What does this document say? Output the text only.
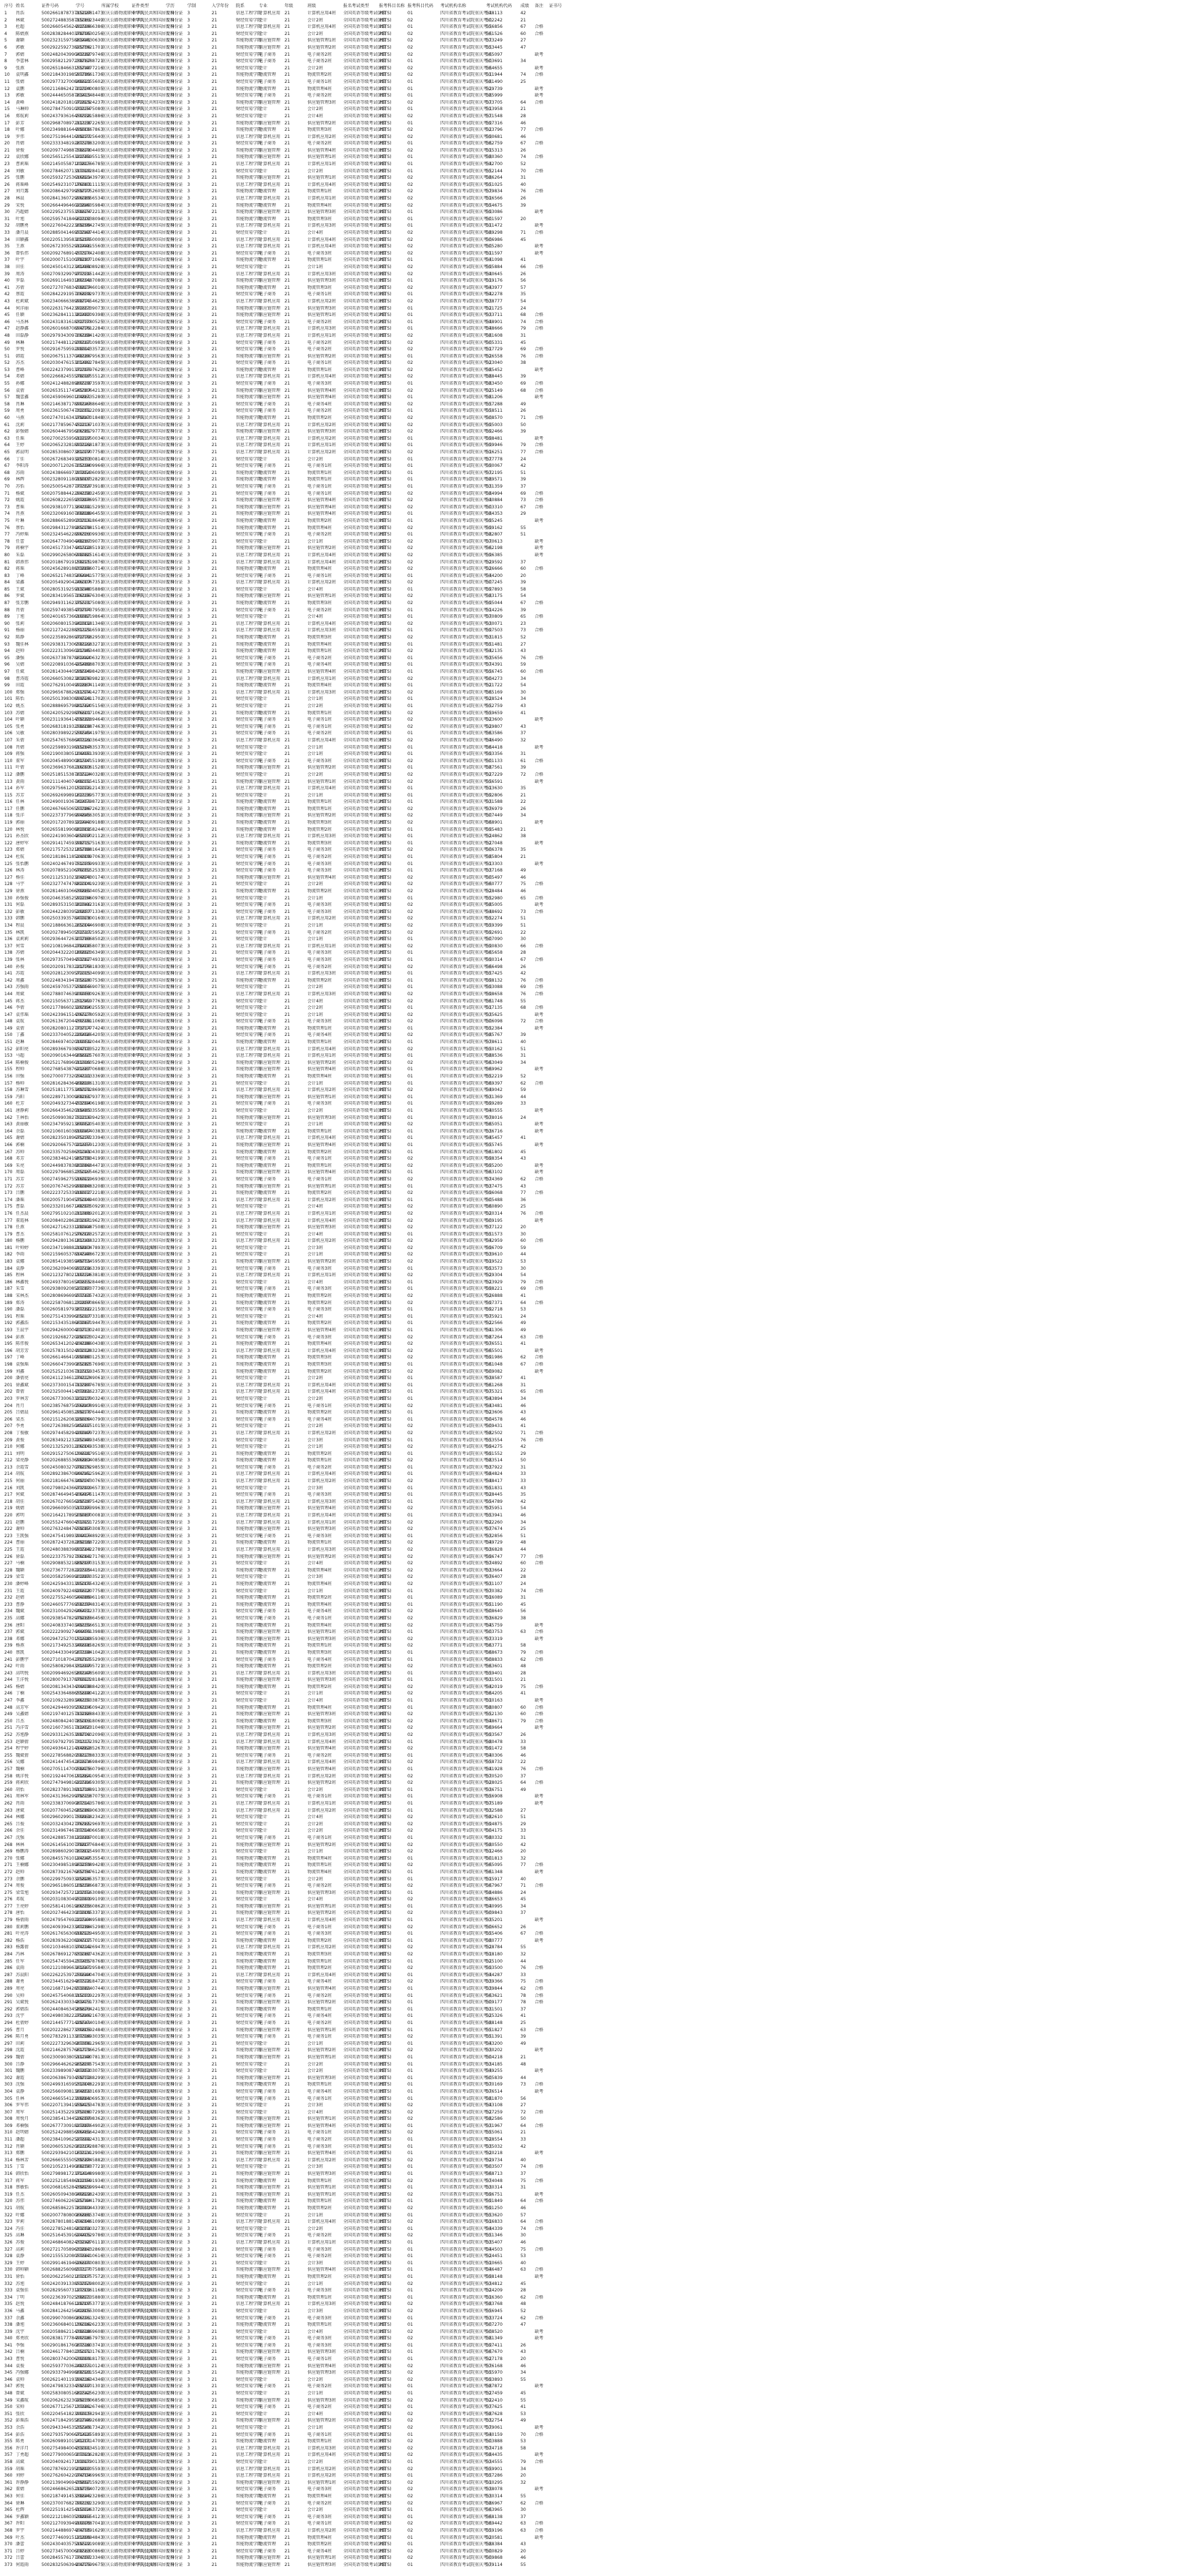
序号 姓名	证件号码	学号	所属学校	证件类型	学历	学制	入学年份 院系	专业	年级	班级	报名考试类型 报考科目名称 报考科目代码 考试机构名称	考试机构代码 成绩 备注 证书号
1 肖浩	500266187873715227
2021881473
重庆公路物流职业学院
中华人民共和国居民身份证
专科	3	21	信息工程学院
计算机应用 21	计算机应用4班 全国英语等级考试(PETS)
2级	01	四川省教育考试院重庆考点
548113	42
2 林斌	500272488358715063
2021623449
重庆公路物流职业学院
中华人民共和国居民身份证
专科	3	21	财经贸易学院
会计	21	会计2班	全国英语等级考试(PETS)
1级	02	四川省教育考试院重庆考点
502242	21
3 杜超	500266054562492596
2021066386
重庆公路物流职业学院
中华人民共和国居民身份证
专科	3	21	信息工程学院
计算机应用 21	计算机应用4班 全国英语等级考试(PETS)
1级	01	四川省教育考试院重庆考点
556856	67 合格
4 陈婧燕	500283828440378795
2021830256
重庆公路物流职业学院
中华人民共和国居民身份证
专科	3	21	财经贸易学院
会计	21	会计2班	全国英语等级考试(PETS)
2级	02	四川省教育考试院重庆考点
561526	60 合格
5 谢颖	500232315975883441
2021830630
重庆公路物流职业学院
中华人民共和国居民身份证
专科	3	21	智能物流学院
供应链管理 21	供应链管理1班 全国英语等级考试(PETS)
2级	02	四川省教育考试院重庆考点
573249	27
6 郭敏	500292259273825756
2021621701
重庆公路物流职业学院
中华人民共和国居民身份证
专科	3	21	智能物流学院
供应链管理 21	供应链管理2班 全国英语等级考试(PETS)
2级	02	四川省教育考试院重庆考点
553445	47
7 郭婧	500248204399043182
2021979746
重庆公路物流职业学院
中华人民共和国居民身份证
专科	3	21	财经贸易学院
电子商务 21	电子商务2班	全国英语等级考试(PETS)
2级	02	四川省教育考试院重庆考点
565097	缺考
8 李蕾林	500295821297238767
2021188721
重庆公路物流职业学院
中华人民共和国居民身份证
专科	3	21	财经贸易学院
电子商务 21	电子商务2班	全国英语等级考试(PETS)
1级	01	四川省教育考试院重庆考点
503691	34
9 张燕	500265184663155740
2021977216
重庆公路物流职业学院
中华人民共和国居民身份证
专科	3	21	财经贸易学院
会计	21	会计2班	全国英语等级考试(PETS)
1级	02	四川省教育考试院重庆考点
564655	缺考
10 袁明鑫	500218430198597789
2021661736
重庆公路物流职业学院
中华人民共和国居民身份证
专科	3	21	智能物流学院
物流管理 21	物流管理2班	全国英语等级考试(PETS)
1级	02	四川省教育考试院重庆考点
511944	74 合格
11 张婧	500297732700848621
2021055602
重庆公路物流职业学院
中华人民共和国居民身份证
专科	3	21	财经贸易学院
电子商务 21	电子商务1班	全国英语等级考试(PETS)
1级	01	四川省教育考试院重庆考点
581490	25
12 袁鹏	500211686242702334
2021400805
重庆公路物流职业学院
中华人民共和国居民身份证
专科	3	21	智能物流学院
物流管理 21	物流管理4班	全国英语等级考试(PETS)
1级	01	四川省教育考试院重庆考点
529739	缺考
13 郭敏	500244465058783415
2021348448
重庆公路物流职业学院
中华人民共和国居民身份证
专科	3	21	财经贸易学院
电子商务 21	电子商务2班	全国英语等级考试(PETS)
1级	01	四川省教育考试院重庆考点
585999	缺考
14 黄峰	500241820181072829
2021324237
重庆公路物流职业学院
中华人民共和国居民身份证
专科	3	21	智能物流学院
供应链管理 21	供应链管理3班 全国英语等级考试(PETS)
2级	02	四川省教育考试院重庆考点
573705	64 合格
15 马琳帅	500278475091033134
2021575080
重庆公路物流职业学院
中华人民共和国居民身份证
专科	3	21	财经贸易学院
会计	21	会计2班	全国英语等级考试(PETS)
1级	01	四川省教育考试院重庆考点
513958	21
16 郑航莉	500243793616450338
2021215886
重庆公路物流职业学院
中华人民共和国居民身份证
专科	3	21	财经贸易学院
会计	21	会计4班	全国英语等级考试(PETS)
1级	02	四川省教育考试院重庆考点
571548	28
17 彭芳	500296870897211138
2021372265
重庆公路物流职业学院
中华人民共和国居民身份证
专科	3	21	智能物流学院
供应链管理 21	供应链管理2班 全国英语等级考试(PETS)
1级	01	四川省教育考试院重庆考点
597316	46
18 叶娜	500234988164499909
2021167863
重庆公路物流职业学院
中华人民共和国居民身份证
专科	3	21	智能物流学院
物流管理 21	物流管理3班	全国英语等级考试(PETS)
2级	02	四川省教育考试院重庆考点
523796	77 合格
19 罗伟	500275196441699277
2021025640
重庆公路物流职业学院
中华人民共和国居民身份证
专科	3	21	信息工程学院
计算机应用 21	计算机应用2班 全国英语等级考试(PETS)
1级	02	四川省教育考试院重庆考点
590681	46
20 肖婧	500233334819287575
2021983200
重庆公路物流职业学院
中华人民共和国居民身份证
专科	3	21	财经贸易学院
电子商务 21	电子商务2班	全国英语等级考试(PETS)
2级	01	四川省教育考试院重庆考点
562759	67 合格
21 徐俊	500209774988758678
2021004405
重庆公路物流职业学院
中华人民共和国居民身份证
专科	3	21	智能物流学院
供应链管理 21	供应链管理4班 全国英语等级考试(PETS)
1级	02	四川省教育考试院重庆考点
515313	26
22 袁欣娜	500256512554322581
2021595515
重庆公路物流职业学院
中华人民共和国居民身份证
专科	3	21	智能物流学院
供应链管理 21	供应链管理1班 全国英语等级考试(PETS)
1级	01	四川省教育考试院重庆考点
580360	74 合格
23 曹莉瑶	500214505587103815
2021766785
重庆公路物流职业学院
中华人民共和国居民身份证
专科	3	21	信息工程学院
计算机应用 21	计算机应用1班 全国英语等级考试(PETS)
1级	01	四川省教育考试院重庆考点
542700	52
24 刘敏	500278462071317920
2021028414
重庆公路物流职业学院
中华人民共和国居民身份证
专科	3	21	财经贸易学院
会计	21	会计2班	全国英语等级考试(PETS)
2级	01	四川省教育考试院重庆考点
552144	70 合格
25 张鹏	500259327253616821
2021043979
重庆公路物流职业学院
中华人民共和国居民身份证
专科	3	21	智能物流学院
供应链管理 21	供应链管理1班 全国英语等级考试(PETS)
2级	02	四川省教育考试院重庆考点
586264	31
26 蒋瑶峰	500254923107176963
2021011115
重庆公路物流职业学院
中华人民共和国居民身份证
专科	3	21	信息工程学院
计算机应用 21	计算机应用4班 全国英语等级考试(PETS)
1级	02	四川省教育考试院重庆考点
551025	40
27 刘月露	500208642979959777
2021052605
重庆公路物流职业学院
中华人民共和国居民身份证
专科	3	21	智能物流学院
物流管理 21	物流管理1班	全国英语等级考试(PETS)
2级	02	四川省教育考试院重庆考点
579834	76 合格
28 林晨	500284136072996089
2021056534
重庆公路物流职业学院
中华人民共和国居民身份证
专科	3	21	信息工程学院
计算机应用 21	计算机应用1班 全国英语等级考试(PETS)
1级	02	四川省教育考试院重庆考点
516566	26
29 宋悦	500266449646023840
2021605984
重庆公路物流职业学院
中华人民共和国居民身份证
专科	3	21	智能物流学院
物流管理 21	物流管理4班	全国英语等级考试(PETS)
2级	02	四川省教育考试院重庆考点
554675	39
30 冯超婧	500229523755358674
2021572213
重庆公路物流职业学院
中华人民共和国居民身份证
专科	3	21	智能物流学院
供应链管理 21	供应链管理3班 全国英语等级考试(PETS)
1级	01	四川省教育考试院重庆考点
593086	缺考
31 叶旭	500259574184662102
2021838094
重庆公路物流职业学院
中华人民共和国居民身份证
专科	3	21	智能物流学院
物流管理 21	物流管理3班	全国英语等级考试(PETS)
1级	01	四川省教育考试院重庆考点
501597	20
32 胡鹏勇	500227604222369299
2021842745
重庆公路物流职业学院
中华人民共和国居民身份证
专科	3	21	信息工程学院
计算机应用 21	计算机应用3班 全国英语等级考试(PETS)
2级	01	四川省教育考试院重庆考点
511472	缺考
33 潘月晨	500288504146953343
2021974414
重庆公路物流职业学院
中华人民共和国居民身份证
专科	3	21	财经贸易学院
会计	21	会计4班	全国英语等级考试(PETS)
1级	02	四川省教育考试院重庆考点
589298	71 合格
34 田颖鑫	500220513958305299
2021750000
重庆公路物流职业学院
中华人民共和国居民身份证
专科	3	21	信息工程学院
计算机应用 21	计算机应用4班 全国英语等级考试(PETS)
1级	02	四川省教育考试院重庆考点
506986	45
35 王燕	500267230552912446
2021115560
重庆公路物流职业学院
中华人民共和国居民身份证
专科	3	21	信息工程学院
计算机应用 21	计算机应用4班 全国英语等级考试(PETS)
1级	02	四川省教育考试院重庆考点
505280	缺考
36 曾怡伟	500209276891457376
2021742408
重庆公路物流职业学院
中华人民共和国居民身份证
专科	3	21	财经贸易学院
电子商务 21	电子商务3班	全国英语等级考试(PETS)
1级	02	四川省教育考试院重庆考点
511597	缺考
37 叶宇	500200071510078287
2021071060
重庆公路物流职业学院
中华人民共和国居民身份证
专科	3	21	智能物流学院
物流管理 21	物流管理1班	全国英语等级考试(PETS)
2级	01	四川省教育考试院重庆考点
541098	41
38 田佳	500245014312341461
2021808928
重庆公路物流职业学院
中华人民共和国居民身份证
专科	3	21	财经贸易学院
会计	21	会计1班	全国英语等级考试(PETS)
1级	02	四川省教育考试院重庆考点
595884	66 合格
39 周涛	500270932997977339
2021151442
重庆公路物流职业学院
中华人民共和国居民身份证
专科	3	21	信息工程学院
计算机应用 21	计算机应用3班 全国英语等级考试(PETS)
1级	02	四川省教育考试院重庆考点
540645	26
40 罗磊	500269116493180191
2021487080
重庆公路物流职业学院
中华人民共和国居民身份证
专科	3	21	智能物流学院
供应链管理 21	供应链管理3班 全国英语等级考试(PETS)
1级	01	四川省教育考试院重庆考点
519176	56
41 苏倩	500272707683458877
2021346016
重庆公路物流职业学院
中华人民共和国居民身份证
专科	3	21	智能物流学院
物流管理 21	物流管理3班	全国英语等级考试(PETS)
2级	02	四川省教育考试院重庆考点
543977	57
42 蔡霞	500284229195706838
2021029737
重庆公路物流职业学院
中华人民共和国居民身份证
专科	3	21	财经贸易学院
电子商务 21	电子商务1班	全国英语等级考试(PETS)
1级	01	四川省教育考试院重庆考点
542278	35
43 杜莉斌	500234066638998775
2021454625
重庆公路物流职业学院
中华人民共和国居民身份证
专科	3	21	信息工程学院
计算机应用 21	计算机应用2班 全国英语等级考试(PETS)
1级	02	四川省教育考试院重庆考点
538777	54
44 何洋丽	500226317642392653
2021739073
重庆公路物流职业学院
中华人民共和国居民身份证
专科	3	21	智能物流学院
供应链管理 21	供应链管理3班 全国英语等级考试(PETS)
1级	01	四川省教育考试院重庆考点
521725	24
45 任颖	500236284111382483
2021109398
重庆公路物流职业学院
中华人民共和国居民身份证
专科	3	21	智能物流学院
供应链管理 21	供应链管理1班 全国英语等级考试(PETS)
2级	01	四川省教育考试院重庆考点
533711	68 合格
46 马杰林	500243183161832730
2021780525
重庆公路物流职业学院
中华人民共和国居民身份证
专科	3	21	财经贸易学院
电子商务 21	电子商务2班	全国英语等级考试(PETS)
2级	01	四川省教育考试院重庆考点
548901	74 合格
47 赵静鑫	500260166870894779
2021612284
重庆公路物流职业学院
中华人民共和国居民身份证
专科	3	21	信息工程学院
计算机应用 21	计算机应用3班 全国英语等级考试(PETS)
1级	01	四川省教育考试院重庆考点
548666	79 合格
48 田磊静	500297934309706169
2021941420
重庆公路物流职业学院
中华人民共和国居民身份证
专科	3	21	信息工程学院
计算机应用 21	计算机应用1班 全国英语等级考试(PETS)
1级	02	四川省教育考试院重庆考点
581608	31
49 林琳	500217448112930167
2021310985
重庆公路物流职业学院
中华人民共和国居民身份证
专科	3	21	财经贸易学院
电子商务 21	电子商务2班	全国英语等级考试(PETS)
1级	02	四川省教育考试院重庆考点
505331	45
50 罗悦	500291675959298912
2021433572
重庆公路物流职业学院
中华人民共和国居民身份证
专科	3	21	财经贸易学院
电子商务 21	电子商务2班	全国英语等级考试(PETS)
2级	02	四川省教育考试院重庆考点
517729	69 合格
51 韩霞	500206751137048186
2021079563
重庆公路物流职业学院
中华人民共和国居民身份证
专科	3	21	智能物流学院
供应链管理 21	供应链管理2班 全国英语等级考试(PETS)
1级	01	四川省教育考试院重庆考点
526558	76 合格
52 苏杰	500203047615301482
2021627845
重庆公路物流职业学院
中华人民共和国居民身份证
专科	3	21	财经贸易学院
电子商务 21	电子商务1班	全国英语等级考试(PETS)
1级	02	四川省教育考试院重庆考点
523040	38
53 曹峰	500224237991372395
2021797629
重庆公路物流职业学院
中华人民共和国居民身份证
专科	3	21	智能物流学院
物流管理 21	物流管理1班	全国英语等级考试(PETS)
1级	02	四川省教育考试院重庆考点
585452	缺考
54 邓婧	500226682455578017
2021855512
重庆公路物流职业学院
中华人民共和国居民身份证
专科	3	21	信息工程学院
计算机应用 21	计算机应用4班 全国英语等级考试(PETS)
2级	02	四川省教育考试院重庆考点
588445	39
55 孙娜	500241248828980538
2021073597
重庆公路物流职业学院
中华人民共和国居民身份证
专科	3	21	财经贸易学院
电子商务 21	电子商务3班	全国英语等级考试(PETS)
1级	01	四川省教育考试院重庆考点
583450	69 合格
56 袁倩	500265351174545387
2021064213
重庆公路物流职业学院
中华人民共和国居民身份证
专科	3	21	智能物流学院
供应链管理 21	供应链管理4班 全国英语等级考试(PETS)
1级	02	四川省教育考试院重庆考点
525149	68 合格
57 魏蕾鑫	500245906960104861
2021735280
重庆公路物流职业学院
中华人民共和国居民身份证
专科	3	21	智能物流学院
供应链管理 21	供应链管理4班 全国英语等级考试(PETS)
1级	01	四川省教育考试院重庆考点
581206	缺考
58 肖琳	500214638717890147
2021688646
重庆公路物流职业学院
中华人民共和国居民身份证
专科	3	21	财经贸易学院
电子商务 21	电子商务4班	全国英语等级考试(PETS)
1级	02	四川省教育考试院重庆考点
557288	49
59 周勇	500236150674732051
2021522091
重庆公路物流职业学院
中华人民共和国居民身份证
专科	3	21	财经贸易学院
电子商务 21	电子商务2班	全国英语等级考试(PETS)
2级	01	四川省教育考试院重庆考点
558511	26
60 马燕	500274701634379843
2021701848
重庆公路物流职业学院
中华人民共和国居民身份证
专科	3	21	智能物流学院
物流管理 21	物流管理2班	全国英语等级考试(PETS)
1级	02	四川省教育考试院重庆考点
508570	71 合格
61 沈莉	500217785967452216
2021371037
重庆公路物流职业学院
中华人民共和国居民身份证
专科	3	21	信息工程学院
计算机应用 21	计算机应用2班 全国英语等级考试(PETS)
1级	02	四川省教育考试院重庆考点
595003	50
62 彭强婧	500260446795606381
2021579777
重庆公路物流职业学院
中华人民共和国居民身份证
专科	3	21	智能物流学院
供应链管理 21	供应链管理3班 全国英语等级考试(PETS)
1级	02	四川省教育考试院重庆考点
592466	39
63 任瑶	500270025595612227
2021950034
重庆公路物流职业学院
中华人民共和国居民身份证
专科	3	21	信息工程学院
计算机应用 21	计算机应用2班 全国英语等级考试(PETS)
1级	01	四川省教育考试院重庆考点
598481	缺考
64 王婷	500206523281893121
2021681873
重庆公路物流职业学院
中华人民共和国居民身份证
专科	3	21	信息工程学院
计算机应用 21	计算机应用1班 全国英语等级考试(PETS)
1级	01	四川省教育考试院重庆考点
599946	79 合格
65 郭晨明	500285308607381077
2021907758
重庆公路物流职业学院
中华人民共和国居民身份证
专科	3	21	信息工程学院
计算机应用 21	计算机应用2班 全国英语等级考试(PETS)
1级	02	四川省教育考试院重庆考点
516251	77 合格
66 丁佳	500267268349325253
2021030814
重庆公路物流职业学院
中华人民共和国居民身份证
专科	3	21	财经贸易学院
会计	21	会计2班	全国英语等级考试(PETS)
2级	01	四川省教育考试院重庆考点
577778	24
67 李阳涛	500200712026705194
2021809966
重庆公路物流职业学院
中华人民共和国居民身份证
专科	3	21	财经贸易学院
电子商务 21	电子商务1班	全国英语等级考试(PETS)
1级	01	四川省教育考试院重庆考点
590067	42
68 苏雨	500243866697397854
2021236095
重庆公路物流职业学院
中华人民共和国居民身份证
专科	3	21	智能物流学院
物流管理 21	物流管理1班	全国英语等级考试(PETS)
2级	01	四川省教育考试院重庆考点
572195	51
69 林辉	500232809118019907
2021832829
重庆公路物流职业学院
中华人民共和国居民身份证
专科	3	21	智能物流学院
物流管理 21	物流管理1班	全国英语等级考试(PETS)
1级	01	四川省教育考试院重庆考点
589571	39
70 苏怡	500250054287777359
2021273918
重庆公路物流职业学院
中华人民共和国居民身份证
专科	3	21	财经贸易学院
电子商务 21	电子商务1班	全国英语等级考试(PETS)
2级	01	四川省教育考试院重庆考点
531359	37
71 杨斌	500207588442294158
2021932459
重庆公路物流职业学院
中华人民共和国居民身份证
专科	3	21	财经贸易学院
电子商务 21	电子商务1班	全国英语等级考试(PETS)
1级	02	四川省教育考试院重庆考点
584994	69 合格
72 姚霞	500260822265937898
2021769573
重庆公路物流职业学院
中华人民共和国居民身份证
专科	3	21	智能物流学院
供应链管理 21	供应链管理4班 全国英语等级考试(PETS)
1级	02	四川省教育考试院重庆考点
540884	73 合格
73 曹瑶	500293810771364191
2021915295
重庆公路物流职业学院
中华人民共和国居民身份证
专科	3	21	智能物流学院
供应链管理 21	供应链管理4班 全国英语等级考试(PETS)
2级	02	四川省教育考试院重庆考点
503310	67 合格
74 肖燕	500232069160768818
2021896455
重庆公路物流职业学院
中华人民共和国居民身份证
专科	3	21	智能物流学院
供应链管理 21	供应链管理4班 全国英语等级考试(PETS)
2级	01	四川省教育考试院重庆考点
584353	29
75 叶琳	500288665289033316
2021318649
重庆公路物流职业学院
中华人民共和国居民身份证
专科	3	21	智能物流学院
物流管理 21	物流管理2班	全国英语等级考试(PETS)
1级	01	四川省教育考试院重庆考点
595245	缺考
76 蔡怡	500298431278985079
2021981514
重庆公路物流职业学院
中华人民共和国居民身份证
专科	3	21	智能物流学院
物流管理 21	物流管理4班	全国英语等级考试(PETS)
1级	02	四川省教育考试院重庆考点
599162	55
77 冯婷瑶	500232454622896333
2021609936
重庆公路物流职业学院
中华人民共和国居民身份证
专科	3	21	财经贸易学院
电子商务 21	电子商务2班	全国英语等级考试(PETS)
2级	01	四川省教育考试院重庆考点
582807	51
78 任蕾	500264770490448267
2021639077
重庆公路物流职业学院
中华人民共和国居民身份证
专科	3	21	财经贸易学院
会计	21	会计1班	全国英语等级考试(PETS)
1级	02	四川省教育考试院重庆考点
570613	缺考
79 蒋楠宇	500245173347441502
2021285191
重庆公路物流职业学院
中华人民共和国居民身份证
专科	3	21	智能物流学院
供应链管理 21	供应链管理2班 全国英语等级考试(PETS)
1级	02	四川省教育考试院重庆考点
562198	缺考
80 朱磊	500299026580698980
2021251614
重庆公路物流职业学院
中华人民共和国居民身份证
专科	3	21	信息工程学院
计算机应用 21	计算机应用4班 全国英语等级考试(PETS)
2级	02	四川省教育考试院重庆考点
596385	缺考
81 韩燕伟	500201867919158225
2021119876
重庆公路物流职业学院
中华人民共和国居民身份证
专科	3	21	信息工程学院
计算机应用 21	计算机应用4班 全国英语等级考试(PETS)
2级	02	四川省教育考试院重庆考点
529592	37
82 蒋瑶	500245628918833868
2021560714
重庆公路物流职业学院
中华人民共和国居民身份证
专科	3	21	智能物流学院
物流管理 21	物流管理4班	全国英语等级考试(PETS)
2级	02	四川省教育考试院重庆考点
526666	60 合格
83 丁峰	500265217483566441
2021415775
重庆公路物流职业学院
中华人民共和国居民身份证
专科	3	21	财经贸易学院
电子商务 21	电子商务1班	全国英语等级考试(PETS)
2级	01	四川省教育考试院重庆考点
544200	20
84 梁鑫	500205492904246007
2021067351
重庆公路物流职业学院
中华人民共和国居民身份证
专科	3	21	信息工程学院
计算机应用 21	计算机应用2班 全国英语等级考试(PETS)
1级	02	四川省教育考试院重庆考点
507245	39
85 王斌	500280531925913046
2021805886
重庆公路物流职业学院
中华人民共和国居民身份证
专科	3	21	财经贸易学院
会计	21	会计4班	全国英语等级考试(PETS)
1级	01	四川省教育考试院重庆考点
597893	58
86 罗斌	500283419565706166
2021576304
重庆公路物流职业学院
中华人民共和国居民身份证
专科	3	21	智能物流学院
供应链管理 21	供应链管理1班 全国英语等级考试(PETS)
1级	02	四川省教育考试院重庆考点
583175	54
87 张芳鹏	500294931162375531
2021375080
重庆公路物流职业学院
中华人民共和国居民身份证
专科	3	21	智能物流学院
物流管理 21	物流管理3班	全国英语等级考试(PETS)
2级	02	四川省教育考试院重庆考点
595044	67 合格
88 肖倩	500259749385473794
2021737950
重庆公路物流职业学院
中华人民共和国居民身份证
专科	3	21	财经贸易学院
电子商务 21	电子商务2班	全国英语等级考试(PETS)
1级	01	四川省教育考试院重庆考点
514226	39
89 丁旭	500240165736610987
2021219864
重庆公路物流职业学院
中华人民共和国居民身份证
专科	3	21	财经贸易学院
会计	21	会计4班	全国英语等级考试(PETS)
1级	01	四川省教育考试院重庆考点
570809	65 合格
90 张莉	500206080153942902
2021181346
重庆公路物流职业学院
中华人民共和国居民身份证
专科	3	21	信息工程学院
计算机应用 21	计算机应用4班 全国英语等级考试(PETS)
1级	02	四川省教育考试院重庆考点
530071	23
91 杨丽	500212724228831129
2021516591
重庆公路物流职业学院
中华人民共和国居民身份证
专科	3	21	信息工程学院
计算机应用 21	计算机应用3班 全国英语等级考试(PETS)
2级	01	四川省教育考试院重庆考点
597503	73 合格
92 陈静	500223589286972772
2021882950
重庆公路物流职业学院
中华人民共和国居民身份证
专科	3	21	智能物流学院
物流管理 21	物流管理3班	全国英语等级考试(PETS)
2级	02	四川省教育考试院重庆考点
531815	52
93 魏佳林	500293831730658122
2021683271
重庆公路物流职业学院
中华人民共和国居民身份证
专科	3	21	智能物流学院
物流管理 21	物流管理4班	全国英语等级考试(PETS)
1级	01	四川省教育考试院重庆考点
551481	27
94 赵帅	500222313096021345
2021834403
重庆公路物流职业学院
中华人民共和国居民身份证
专科	3	21	智能物流学院
物流管理 21	物流管理1班	全国英语等级考试(PETS)
2级	02	四川省教育考试院重庆考点
542135	43
95 潘强	500263738787862444
2021206327
重庆公路物流职业学院
中华人民共和国居民身份证
专科	3	21	财经贸易学院
电子商务 21	电子商务2班	全国英语等级考试(PETS)
1级	01	四川省教育考试院重庆考点
535656	76 合格
96 吴婧	500220891036425482
2021888703
重庆公路物流职业学院
中华人民共和国居民身份证
专科	3	21	财经贸易学院
电子商务 21	电子商务4班	全国英语等级考试(PETS)
1级	01	四川省教育考试院重庆考点
574391	59
97 任斌	500281430440599596
2021498420
重庆公路物流职业学院
中华人民共和国居民身份证
专科	3	21	智能物流学院
供应链管理 21	供应链管理4班 全国英语等级考试(PETS)
1级	01	四川省教育考试院重庆考点
556745	60 合格
98 曹涛霞	500266053082383876
2021939821
重庆公路物流职业学院
中华人民共和国居民身份证
专科	3	21	信息工程学院
计算机应用 21	计算机应用1班 全国英语等级考试(PETS)
2级	02	四川省教育考试院重庆考点
504273	34
99 田霞	500276291004992867
2021041149
重庆公路物流职业学院
中华人民共和国居民身份证
专科	3	21	智能物流学院
物流管理 21	物流管理4班	全国英语等级考试(PETS)
1级	01	四川省教育考试院重庆考点
521722	54
100 郑强	500296567882611374
2021914277
重庆公路物流职业学院
中华人民共和国居民身份证
专科	3	21	信息工程学院
计算机应用 21	计算机应用3班 全国英语等级考试(PETS)
2级	02	四川省教育考试院重庆考点
565169	30
101 陈怡	500250139830894528
2021411702
重庆公路物流职业学院
中华人民共和国居民身份证
专科	3	21	财经贸易学院
会计	21	会计1班	全国英语等级考试(PETS)
2级	01	四川省教育考试院重庆考点
528524	34
102 姚杰	500288869579881564
2021205156
重庆公路物流职业学院
中华人民共和国居民身份证
专科	3	21	财经贸易学院
会计	21	会计2班	全国英语等级考试(PETS)
2级	01	四川省教育考试院重庆考点
552759	43
103 苏婧	500242052929876601
2021071062
重庆公路物流职业学院
中华人民共和国居民身份证
专科	3	21	智能物流学院
物流管理 21	物流管理1班	全国英语等级考试(PETS)
1级	02	四川省教育考试院重庆考点
559659	41
104 叶颖	500231193641459181
2021289464
重庆公路物流职业学院
中华人民共和国居民身份证
专科	3	21	财经贸易学院
电子商务 21	电子商务1班	全国英语等级考试(PETS)
2级	02	四川省教育考试院重庆考点
523600	缺考
105 张勇	500268318193258609
2021987463
重庆公路物流职业学院
中华人民共和国居民身份证
专科	3	21	财经贸易学院
电子商务 21	电子商务1班	全国英语等级考试(PETS)
2级	02	四川省教育考试院重庆考点
529807	43
106 吴敏	500280398922550549
2021541975
重庆公路物流职业学院
中华人民共和国居民身份证
专科	3	21	财经贸易学院
电子商务 21	电子商务2班	全国英语等级考试(PETS)
2级	01	四川省教育考试院重庆考点
563586	37
107 朱倩	500254765768647121
2021603645
重庆公路物流职业学院
中华人民共和国居民身份证
专科	3	21	信息工程学院
计算机应用 21	计算机应用4班 全国英语等级考试(PETS)
1级	02	四川省教育考试院重庆考点
546490	32
108 肖婧	500225989319815267
2021483537
重庆公路物流职业学院
中华人民共和国居民身份证
专科	3	21	财经贸易学院
会计	21	会计1班	全国英语等级考试(PETS)
2级	01	四川省教育考试院重庆考点
564418	缺考
109 蒋强	500219003805104490
2021513939
重庆公路物流职业学院
中华人民共和国居民身份证
专科	3	21	财经贸易学院
会计	21	会计1班	全国英语等级考试(PETS)
2级	01	四川省教育考试院重庆考点
593356	31
110 董军	500204548990081597
2021415199
重庆公路物流职业学院
中华人民共和国居民身份证
专科	3	21	财经贸易学院
电子商务 21	电子商务3班	全国英语等级考试(PETS)
1级	02	四川省教育考试院重庆考点
501133	61 合格
111 叶倩	500236963768216093
2021061528
重庆公路物流职业学院
中华人民共和国居民身份证
专科	3	21	智能物流学院
供应链管理 21	供应链管理2班 全国英语等级考试(PETS)
2级	01	四川省教育考试院重庆考点
587561	39
112 潘鹏	500251851538763524
2021240328
重庆公路物流职业学院
中华人民共和国居民身份证
专科	3	21	财经贸易学院
会计	21	会计2班	全国英语等级考试(PETS)
2级	02	四川省教育考试院重庆考点
527229	72 合格
113 黄雨	500211140407448031
2021554151
重庆公路物流职业学院
中华人民共和国居民身份证
专科	3	21	智能物流学院
供应链管理 21	供应链管理1班 全国英语等级考试(PETS)
1级	02	四川省教育考试院重庆考点
556591	缺考
114 孙军	500297566120152076
2021212143
重庆公路物流职业学院
中华人民共和国居民身份证
专科	3	21	信息工程学院
计算机应用 21	计算机应用4班 全国英语等级考试(PETS)
1级	01	四川省教育考试院重庆考点
513630	35
115 苏芳	500269269989162136
2021395773
重庆公路物流职业学院
中华人民共和国居民身份证
专科	3	21	财经贸易学院
会计	21	会计1班	全国英语等级考试(PETS)
1级	01	四川省教育考试院重庆考点
592806	21
116 任林	500249001936742459
2021798721
重庆公路物流职业学院
中华人民共和国居民身份证
专科	3	21	智能物流学院
物流管理 21	物流管理1班	全国英语等级考试(PETS)
2级	01	四川省教育考试院重庆考点
531588	22
117 任鹏	500246766506557386
2021672623
重庆公路物流职业学院
中华人民共和国居民身份证
专科	3	21	智能物流学院
物流管理 21	物流管理1班	全国英语等级考试(PETS)
2级	02	四川省教育考试院重庆考点
576979	26
118 张洋	500223737796994845
2021563051
重庆公路物流职业学院
中华人民共和国居民身份证
专科	3	21	智能物流学院
供应链管理 21	供应链管理2班 全国英语等级考试(PETS)
1级	02	四川省教育考试院重庆考点
507449	34
119 郭丽	500201720789322442
2021409188
重庆公路物流职业学院
中华人民共和国居民身份证
专科	3	21	智能物流学院
物流管理 21	物流管理3班	全国英语等级考试(PETS)
2级	02	四川省教育考试院重庆考点
568901	缺考
120 林悦	500265581990882901
2021958244
重庆公路物流职业学院
中华人民共和国居民身份证
专科	3	21	智能物流学院
物流管理 21	物流管理2班	全国英语等级考试(PETS)
1级	01	四川省教育考试院重庆考点
595483	21
121 孙杰欣	500224190360465937
2021902112
重庆公路物流职业学院
中华人民共和国居民身份证
专科	3	21	信息工程学院
计算机应用 21	计算机应用3班 全国英语等级考试(PETS)
2级	01	四川省教育考试院重庆考点
524862	38
122 唐婷军	500291417459398711
2021575163
重庆公路物流职业学院
中华人民共和国居民身份证
专科	3	21	智能物流学院
物流管理 21	物流管理3班	全国英语等级考试(PETS)
1级	01	四川省教育考试院重庆考点
527048	缺考
123 郑婧	500217572532185789
2021981641
重庆公路物流职业学院
中华人民共和国居民身份证
专科	3	21	财经贸易学院
电子商务 21	电子商务3班	全国英语等级考试(PETS)
1级	02	四川省教育考试院重庆考点
506378	35
124 杜航	500218186118524908
2021097063
重庆公路物流职业学院
中华人民共和国居民身份证
专科	3	21	财经贸易学院
电子商务 21	电子商务2班	全国英语等级考试(PETS)
2级	01	四川省教育考试院重庆考点
585804	21
125 张怡鹏	500240246749751035
2021099933
重庆公路物流职业学院
中华人民共和国居民身份证
专科	3	21	财经贸易学院
电子商务 21	电子商务3班	全国英语等级考试(PETS)
2级	01	四川省教育考试院重庆考点
513303	缺考
126 林涛	500207895210670052
2021552533
重庆公路物流职业学院
中华人民共和国居民身份证
专科	3	21	财经贸易学院
电子商务 21	电子商务3班	全国英语等级考试(PETS)
2级	01	四川省教育考试院重庆考点
537168	49
127 杨佳	500211253102304878
2021430174
重庆公路物流职业学院
中华人民共和国居民身份证
专科	3	21	智能物流学院
供应链管理 21	供应链管理4班 全国英语等级考试(PETS)
1级	02	四川省教育考试院重庆考点
505497	46
128 马宇	500232774747882004
2021419239
重庆公路物流职业学院
中华人民共和国居民身份证
专科	3	21	财经贸易学院
会计	21	会计2班	全国英语等级考试(PETS)
2级	02	四川省教育考试院重庆考点
560777	75 合格
129 徐燕	500281460106630869
2021504052
重庆公路物流职业学院
中华人民共和国居民身份证
专科	3	21	智能物流学院
物流管理 21	物流管理2班	全国英语等级考试(PETS)
1级	02	四川省教育考试院重庆考点
528484	46
130 孙强俊	500204635852592234
2021860976
重庆公路物流职业学院
中华人民共和国居民身份证
专科	3	21	财经贸易学院
会计	21	会计1班	全国英语等级考试(PETS)
1级	01	四川省教育考试院重庆考点
552980	65 合格
131 何磊	500289353150382946
2021123161
重庆公路物流职业学院
中华人民共和国居民身份证
专科	3	21	财经贸易学院
电子商务 21	电子商务3班	全国英语等级考试(PETS)
1级	02	四川省教育考试院重庆考点
585005	缺考
132 彭敏	500244228039520857
2021071334
重庆公路物流职业学院
中华人民共和国居民身份证
专科	3	21	财经贸易学院
电子商务 21	电子商务3班	全国英语等级考试(PETS)
1级	02	四川省教育考试院重庆考点
548692	73 合格
133 韩鹏	500250339357847978
2021300160
重庆公路物流职业学院
中华人民共和国居民身份证
专科	3	21	信息工程学院
计算机应用 21	计算机应用2班 全国英语等级考试(PETS)
2级	02	四川省教育考试院重庆考点
552274	51
134 程晨	500218866361265009
2021446908
重庆公路物流职业学院
中华人民共和国居民身份证
专科	3	21	财经贸易学院
会计	21	会计1班	全国英语等级考试(PETS)
2级	02	四川省教育考试院重庆考点
559399	51
135 林凯	500202789450552517
2021025952
重庆公路物流职业学院
中华人民共和国居民身份证
专科	3	21	财经贸易学院
电子商务 21	电子商务2班	全国英语等级考试(PETS)
2级	02	四川省教育考试院重庆考点
592691	22
136 袁莉莉	500293644726307763
2021868502
重庆公路物流职业学院
中华人民共和国居民身份证
专科	3	21	财经贸易学院
会计	21	会计1班	全国英语等级考试(PETS)
2级	01	四川省教育考试院重庆考点
507090	30
137 何雪	500210819684278400
2021958073
重庆公路物流职业学院
中华人民共和国居民身份证
专科	3	21	信息工程学院
计算机应用 21	计算机应用1班 全国英语等级考试(PETS)
1级	02	四川省教育考试院重庆考点
590830	66 合格
138 苏婧	500204432220180893
2021236349
重庆公路物流职业学院
中华人民共和国居民身份证
专科	3	21	财经贸易学院
电子商务 21	电子商务3班	全国英语等级考试(PETS)
2级	01	四川省教育考试院重庆考点
565658	28
139 张林	500297357049453367
2021174931
重庆公路物流职业学院
中华人民共和国居民身份证
专科	3	21	财经贸易学院
电子商务 21	电子商务3班	全国英语等级考试(PETS)
2级	01	四川省教育考试院重庆考点
590314	67 合格
140 孙俊	500202091783221775
2021681830
重庆公路物流职业学院
中华人民共和国居民身份证
专科	3	21	财经贸易学院
电子商务 21	电子商务2班	全国英语等级考试(PETS)
2级	02	四川省教育考试院重庆考点
566498	26
141 苏霞	500202812309572015
2021534099
重庆公路物流职业学院
中华人民共和国居民身份证
专科	3	21	信息工程学院
计算机应用 21	计算机应用3班 全国英语等级考试(PETS)
1级	01	四川省教育考试院重庆考点
557425	42
142 周鑫	500224834194705626
2021007536
重庆公路物流职业学院
中华人民共和国居民身份证
专科	3	21	智能物流学院
物流管理 21	物流管理2班	全国英语等级考试(PETS)
1级	01	四川省教育考试院重庆考点
598132	76 合格
143 苏强雨	500245970537559955
2021469075
重庆公路物流职业学院
中华人民共和国居民身份证
专科	3	21	财经贸易学院
会计	21	会计2班	全国英语等级考试(PETS)
2级	01	四川省教育考试院重庆考点
593088	69 合格
144 周斌	500278807463900953
2021809263
重庆公路物流职业学院
中华人民共和国居民身份证
专科	3	21	信息工程学院
计算机应用 21	计算机应用3班 全国英语等级考试(PETS)
1级	02	四川省教育考试院重庆考点
598658	76 合格
145 蒋杰	500215056371251342
2021597763
重庆公路物流职业学院
中华人民共和国居民身份证
专科	3	21	财经贸易学院
会计	21	会计4班	全国英语等级考试(PETS)
1级	02	四川省教育考试院重庆考点
561748	55
146 李倩	500217786602320364
2021902555
重庆公路物流职业学院
中华人民共和国居民身份证
专科	3	21	财经贸易学院
会计	21	会计2班	全国英语等级考试(PETS)
2级	01	四川省教育考试院重庆考点
517135	68 合格
147 袁伟瑶	500242396151436527
2021780592
重庆公路物流职业学院
中华人民共和国居民身份证
专科	3	21	财经贸易学院
会计	21	会计1班	全国英语等级考试(PETS)
2级	02	四川省教育考试院重庆考点
535625	缺考
148 袁航	500261367204430598
2021511069
重庆公路物流职业学院
中华人民共和国居民身份证
专科	3	21	财经贸易学院
电子商务 21	电子商务3班	全国英语等级考试(PETS)
1级	02	四川省教育考试院重庆考点
506098	72 合格
149 袁倩	500282080112773714
2021777424
重庆公路物流职业学院
中华人民共和国居民身份证
专科	3	21	智能物流学院
物流管理 21	物流管理1班	全国英语等级考试(PETS)
2级	01	四川省教育考试院重庆考点
552384	缺考
150 丁鑫	500233704052220496
2021264205
重庆公路物流职业学院
中华人民共和国居民身份证
专科	3	21	财经贸易学院
电子商务 21	电子商务4班	全国英语等级考试(PETS)
2级	02	四川省教育考试院重庆考点
585767	39
151 赵琳	500284697402010959
2021120447
重庆公路物流职业学院
中华人民共和国居民身份证
专科	3	21	智能物流学院
物流管理 21	物流管理1班	全国英语等级考试(PETS)
2级	01	四川省教育考试院重庆考点
578611	40
152 彭阳亮	500289366793854703
2021135227
重庆公路物流职业学院
中华人民共和国居民身份证
专科	3	21	信息工程学院
计算机应用 21	计算机应用4班 全国英语等级考试(PETS)
1级	02	四川省教育考试院重庆考点
550162	51
153 马超	500209016344669693
2021257607
重庆公路物流职业学院
中华人民共和国居民身份证
专科	3	21	信息工程学院
计算机应用 21	计算机应用1班 全国英语等级考试(PETS)
2级	01	四川省教育考试院重庆考点
588536	31
154 陈楠俊	500252176896011919
2021605294
重庆公路物流职业学院
中华人民共和国居民身份证
专科	3	21	智能物流学院
供应链管理 21	供应链管理2班 全国英语等级考试(PETS)
2级	02	四川省教育考试院重庆考点
563049	34
155 程帅	500276854387621687
2021370688
重庆公路物流职业学院
中华人民共和国居民身份证
专科	3	21	智能物流学院
供应链管理 21	供应链管理4班 全国英语等级考试(PETS)
1级	01	四川省教育考试院重庆考点
569962	缺考
156 田强	500270007732054111
2021033369
重庆公路物流职业学院
中华人民共和国居民身份证
专科	3	21	智能物流学院
物流管理 21	物流管理4班	全国英语等级考试(PETS)
1级	01	四川省教育考试院重庆考点
552219	52
157 杨帅	500281628436468810
2021061310
重庆公路物流职业学院
中华人民共和国居民身份证
专科	3	21	财经贸易学院
会计	21	会计1班	全国英语等级考试(PETS)
2级	01	四川省教育考试院重庆考点
569397	62 合格
158 苏琳雪	500251811775349371
2021928690
重庆公路物流职业学院
中华人民共和国居民身份证
专科	3	21	信息工程学院
计算机应用 21	计算机应用2班 全国英语等级考试(PETS)
1级	02	四川省教育考试院重庆考点
549042	59
159 冯阳	500228971300968261
2021379377
重庆公路物流职业学院
中华人民共和国居民身份证
专科	3	21	智能物流学院
供应链管理 21	供应链管理1班 全国英语等级考试(PETS)
2级	01	四川省教育考试院重庆考点
531369	44
160 杜芳	500204932734453394
2021906198
重庆公路物流职业学院
中华人民共和国居民身份证
专科	3	21	财经贸易学院
电子商务 21	电子商务3班	全国英语等级考试(PETS)
1级	01	四川省教育考试院重庆考点
599289	33
161 唐静莉	500266435462019485
2021033550
重庆公路物流职业学院
中华人民共和国居民身份证
专科	3	21	财经贸易学院
会计	21	会计2班	全国英语等级考试(PETS)
1级	01	四川省教育考试院重庆考点
540555	缺考
162 王林怡	500250990382752216
2021339425
重庆公路物流职业学院
中华人民共和国居民身份证
专科	3	21	智能物流学院
供应链管理 21	供应链管理3班 全国英语等级考试(PETS)
1级	01	四川省教育考试院重庆考点
578016	24
163 黄丽敏	500234795921360952
2021205403
重庆公路物流职业学院
中华人民共和国居民身份证
专科	3	21	财经贸易学院
会计	21	会计1班	全国英语等级考试(PETS)
2级	02	四川省教育考试院重庆考点
565051	缺考
164 余磊	500210601603810947
2021540383
重庆公路物流职业学院
中华人民共和国居民身份证
专科	3	21	智能物流学院
物流管理 21	物流管理1班	全国英语等级考试(PETS)
2级	01	四川省教育考试院重庆考点
536716	缺考
165 谢婧	500282350189675277
2021823394
重庆公路物流职业学院
中华人民共和国居民身份证
专科	3	21	信息工程学院
计算机应用 21	计算机应用4班 全国英语等级考试(PETS)
1级	01	四川省教育考试院重庆考点
545457	41
166 郭楠	500292066757021657
2021591230
重庆公路物流职业学院
中华人民共和国居民身份证
专科	3	21	智能物流学院
供应链管理 21	供应链管理4班 全国英语等级考试(PETS)
1级	01	四川省教育考试院重庆考点
555745	缺考
167 苏帅	500233570258631041
2021304301
重庆公路物流职业学院
中华人民共和国居民身份证
专科	3	21	智能物流学院
物流管理 21	物流管理2班	全国英语等级考试(PETS)
2级	01	四川省教育考试院重庆考点
561802	45
168 邓芳	500238346241985758
2021534199
重庆公路物流职业学院
中华人民共和国居民身份证
专科	3	21	财经贸易学院
电子商务 21	电子商务1班	全国英语等级考试(PETS)
2级	02	四川省教育考试院重庆考点
598354	43
169 朱亮	500244983783883982
2021484471
重庆公路物流职业学院
中华人民共和国居民身份证
专科	3	21	智能物流学院
物流管理 21	物流管理1班	全国英语等级考试(PETS)
2级	02	四川省教育考试院重庆考点
595200	缺考
170 周磊	500229796685235027
2021654625
重庆公路物流职业学院
中华人民共和国居民身份证
专科	3	21	智能物流学院
供应链管理 21	供应链管理4班 全国英语等级考试(PETS)
2级	01	四川省教育考试院重庆考点
563102	缺考
171 苏芳	500274596275516922
2021196936
重庆公路物流职业学院
中华人民共和国居民身份证
专科	3	21	财经贸易学院
电子商务 21	电子商务1班	全国英语等级考试(PETS)
1级	02	四川省教育考试院重庆考点
574369	62 合格
172 苏芳	500207674529998983
2021483208
重庆公路物流职业学院
中华人民共和国居民身份证
专科	3	21	智能物流学院
供应链管理 21	供应链管理1班 全国英语等级考试(PETS)
1级	01	四川省教育考试院重庆考点
537475	43
173 吕鹏	500222372533918932
2021772218
重庆公路物流职业学院
中华人民共和国居民身份证
专科	3	21	智能物流学院
物流管理 21	物流管理2班	全国英语等级考试(PETS)
1级	02	四川省教育考试院重庆考点
596068	77 合格
174 潘瑶	500200571904575098
2021494030
重庆公路物流职业学院
中华人民共和国居民身份证
专科	3	21	信息工程学院
计算机应用 21	计算机应用2班 全国英语等级考试(PETS)
1级	01	四川省教育考试院重庆考点
505488	36
175 曹磊	500233201667148393
2021750929
重庆公路物流职业学院
中华人民共和国居民身份证
专科	3	21	财经贸易学院
会计	21	会计4班	全国英语等级考试(PETS)
2级	02	四川省教育考试院重庆考点
560890	25
176 任杰晨	500279510210211961
2021892012
重庆公路物流职业学院
中华人民共和国居民身份证
专科	3	21	信息工程学院
计算机应用 21	计算机应用1班 全国英语等级考试(PETS)
2级	02	四川省教育考试院重庆考点
520314	76 合格
177 董霞林	500208402286203091
2021719627
重庆公路物流职业学院
中华人民共和国居民身份证
专科	3	21	信息工程学院
计算机应用 21	计算机应用4班 全国英语等级考试(PETS)
2级	02	四川省教育考试院重庆考点
509195	缺考
178 任燕	500242716233128944
2021187508
重庆公路物流职业学院
中华人民共和国居民身份证
专科	3	21	智能物流学院
供应链管理 21	供应链管理3班 全国英语等级考试(PETS)
1级	02	四川省教育考试院重庆考点
577122	20
179 曹杰	500258107612576309
2021232572
重庆公路物流职业学院
中华人民共和国居民身份证
专科	3	21	财经贸易学院
会计	21	会计4班	全国英语等级考试(PETS)
1级	01	四川省教育考试院重庆考点
551573	30
180 杨鹏	500294280136181149
2021183237
重庆公路物流职业学院
中华人民共和国居民身份证
专科	3	21	信息工程学院
计算机应用 21	计算机应用2班 全国英语等级考试(PETS)
2级	02	四川省教育考试院重庆考点
542959	60 合格
181 叶帅婷	500234719888219863
2021047893
重庆公路物流职业学院(北碚)
中华人民共和国居民身份证
专科	3	21	财经贸易学院
会计	21	会计3班	全国英语等级考试(PETS)
2级	02	四川省教育考试院重庆考点
596709	59
182 李雨	500215960537814540
2021986723
重庆公路物流职业学院(北碚)
中华人民共和国居民身份证
专科	3	21	财经贸易学院
会计	21	会计1班	全国英语等级考试(PETS)
2级	02	四川省教育考试院重庆考点
539610	44
183 袁娜	500285419385949751
2021345950
重庆公路物流职业学院(北碚)
中华人民共和国居民身份证
专科	3	21	智能物流学院
供应链管理 21	供应链管理2班 全国英语等级考试(PETS)
1级	02	四川省教育考试院重庆考点
519522	53
184 袁静	500236209406992501
2021963391
重庆公路物流职业学院(北碚)
中华人民共和国居民身份证
专科	3	21	财经贸易学院
电子商务 21	电子商务3班	全国英语等级考试(PETS)
2级	01	四川省教育考试院重庆考点
553573	30
185 程林	500212327802110134
2021263818
重庆公路物流职业学院(北碚)
中华人民共和国居民身份证
专科	3	21	信息工程学院
计算机应用 21	计算机应用1班 全国英语等级考试(PETS)
1级	02	四川省教育考试院重庆考点
529304	54
186 林鑫悦	500249378016543655
2021328446
重庆公路物流职业学院(北碚)
中华人民共和国居民身份证
专科	3	21	财经贸易学院
会计	21	会计4班	全国英语等级考试(PETS)
1级	01	四川省教育考试院重庆考点
523929	79 合格
187 朱雪	500293809208527080
2021707736
重庆公路物流职业学院(北碚)
中华人民共和国居民身份证
专科	3	21	财经贸易学院
电子商务 21	电子商务3班	全国英语等级考试(PETS)
1级	01	四川省教育考试院重庆考点
598221	69 合格
188 宋林杰	500280869669957563
2021357432
重庆公路物流职业学院(北碚)
中华人民共和国居民身份证
专科	3	21	智能物流学院
物流管理 21	物流管理2班	全国英语等级考试(PETS)
2级	02	四川省教育考试院重庆考点
526888	41
189 郑涛	500225870681232857
2021808665
重庆公路物流职业学院(北碚)
中华人民共和国居民身份证
专科	3	21	智能物流学院
物流管理 21	物流管理2班	全国英语等级考试(PETS)
1级	02	四川省教育考试院重庆考点
597371	64 合格
190 潘磊	500260581979387160
2021122150
重庆公路物流职业学院(北碚)
中华人民共和国居民身份证
专科	3	21	财经贸易学院
电子商务 21	电子商务3班	全国英语等级考试(PETS)
1级	01	四川省教育考试院重庆考点
592718	53
191 程瑶	500275143399605017
2021073318
重庆公路物流职业学院(北碚)
中华人民共和国居民身份证
专科	3	21	财经贸易学院
会计	21	会计4班	全国英语等级考试(PETS)
2级	01	四川省教育考试院重庆考点
575921	24
192 郭鑫浩	500215343518663967
2021319447
重庆公路物流职业学院(北碚)
中华人民共和国居民身份证
专科	3	21	智能物流学院
物流管理 21	物流管理2班	全国英语等级考试(PETS)
1级	01	四川省教育考试院重庆考点
522566	49
193 王晨宇	500294260000403713
2021302401
重庆公路物流职业学院(北碚)
中华人民共和国居民身份证
专科	3	21	智能物流学院
供应链管理 21	供应链管理4班 全国英语等级考试(PETS)
1级	01	四川省教育考试院重庆考点
541306	49
194 彭燕	500219268272029073
2021230242
重庆公路物流职业学院(北碚)
中华人民共和国居民身份证
专科	3	21	财经贸易学院
电子商务 21	电子商务3班	全国英语等级考试(PETS)
2级	02	四川省教育考试院重庆考点
587264	63 合格
195 陈伟俊	500265341202404186
2021860438
重庆公路物流职业学院(北碚)
中华人民共和国居民身份证
专科	3	21	智能物流学院
物流管理 21	物流管理4班	全国英语等级考试(PETS)
2级	02	四川省教育考试院重庆考点
576551	41
196 胡芳芳	500257831502493018
2021283234
重庆公路物流职业学院(北碚)
中华人民共和国居民身份证
专科	3	21	信息工程学院
计算机应用 21	计算机应用4班 全国英语等级考试(PETS)
1级	02	四川省教育考试院重庆考点
565501	缺考
197 丁峰	500266146641099980
2021801253
重庆公路物流职业学院(北碚)
中华人民共和国居民身份证
专科	3	21	智能物流学院
物流管理 21	物流管理3班	全国英语等级考试(PETS)
2级	02	四川省教育考试院重庆考点
591986	62 合格
198 袁强瑶	500266047399065083
2021257696
重庆公路物流职业学院(北碚)
中华人民共和国居民身份证
专科	3	21	智能物流学院
物流管理 21	物流管理3班	全国英语等级考试(PETS)
1级	01	四川省教育考试院重庆考点
561048	67 合格
199 刘鑫	500252521036712502
2021593457
重庆公路物流职业学院(北碚)
中华人民共和国居民身份证
专科	3	21	智能物流学院
物流管理 21	物流管理2班	全国英语等级考试(PETS)
2级	02	四川省教育考试院重庆考点
509082	缺考
200 潘倩亮	500241123461274113
2021249061
重庆公路物流职业学院(北碚)
中华人民共和国居民身份证
专科	3	21	财经贸易学院
会计	21	会计2班	全国英语等级考试(PETS)
2级	01	四川省教育考试院重庆考点
538587	41
201 徐鑫斌	500237300154713380
2021076785
重庆公路物流职业学院(北碚)
中华人民共和国居民身份证
专科	3	21	信息工程学院
计算机应用 21	计算机应用4班 全国英语等级考试(PETS)
1级	01	四川省教育考试院重庆考点
561268	31
202 曾倩	500232500441437861
2021162372
重庆公路物流职业学院(北碚)
中华人民共和国居民身份证
专科	3	21	信息工程学院
计算机应用 21	计算机应用4班 全国英语等级考试(PETS)
1级	01	四川省教育考试院重庆考点
575321	65 合格
203 罗林芳	500267730063323227
2021390324
重庆公路物流职业学院(北碚)
中华人民共和国居民身份证
专科	3	21	财经贸易学院
会计	21	会计2班	全国英语等级考试(PETS)
1级	01	四川省教育考试院重庆考点
543894	34
204 肖月	500238576875056847
2021089916
重庆公路物流职业学院(北碚)
中华人民共和国居民身份证
专科	3	21	财经贸易学院
电子商务 21	电子商务1班	全国英语等级考试(PETS)
2级	02	四川省教育考试院重庆考点
543481	46
205 吕婧晨	500296145085299278
2021776444
重庆公路物流职业学院(北碚)
中华人民共和国居民身份证
专科	3	21	智能物流学院
物流管理 21	物流管理2班	全国英语等级考试(PETS)
1级	01	四川省教育考试院重庆考点
523606	43
206 梁杰	500215126208329930
2021640790
重庆公路物流职业学院(北碚)
中华人民共和国居民身份证
专科	3	21	财经贸易学院
电子商务 21	电子商务4班	全国英语等级考试(PETS)
2级	01	四川省教育考试院重庆考点
504578	46
207 李勇	500272638825045697
2021151015
重庆公路物流职业学院(北碚)
中华人民共和国居民身份证
专科	3	21	财经贸易学院
会计	21	会计2班	全国英语等级考试(PETS)
2级	02	四川省教育考试院重庆考点
509431	41
208 丁俊敏	500297445829420947
2021997237
重庆公路物流职业学院(北碚)
中华人民共和国居民身份证
专科	3	21	信息工程学院
计算机应用 21	计算机应用2班 全国英语等级考试(PETS)
2级	02	四川省教育考试院重庆考点
582502	71 合格
209 黄俊	500283492123225040
2021993458
重庆公路物流职业学院(北碚)
中华人民共和国居民身份证
专科	3	21	财经贸易学院
会计	21	会计3班	全国英语等级考试(PETS)
1级	01	四川省教育考试院重庆考点
553554	76 合格
210 何娜	500213252931206000
2021493538
重庆公路物流职业学院(北碚)
中华人民共和国居民身份证
专科	3	21	财经贸易学院
会计	21	会计1班	全国英语等级考试(PETS)
2级	02	四川省教育考试院重庆考点
594275	42
211 刘明	500291527506134611
2021879516
重庆公路物流职业学院(北碚)
中华人民共和国居民身份证
专科	3	21	智能物流学院
物流管理 21	物流管理2班	全国英语等级考试(PETS)
1级	01	四川省教育考试院重庆考点
591552	29
212 梁亮静	500202688553696862
2021040858
重庆公路物流职业学院(北碚)
中华人民共和国居民身份证
专科	3	21	智能物流学院
物流管理 21	物流管理1班	全国英语等级考试(PETS)
2级	02	四川省教育考试院重庆考点
583514	50
213 余霞雪	500245080327078276
2021529855
重庆公路物流职业学院(北碚)
中华人民共和国居民身份证
专科	3	21	财经贸易学院
电子商务 21	电子商务2班	全国英语等级考试(PETS)
2级	01	四川省教育考试院重庆考点
537922	31
214 胡航	500289238670844341
2021525962
重庆公路物流职业学院(北碚)
中华人民共和国居民身份证
专科	3	21	信息工程学院
计算机应用 21	计算机应用4班 全国英语等级考试(PETS)
2级	01	四川省教育考试院重庆考点
584824	33
215 何丽	500218166476349337
2021430765
重庆公路物流职业学院(北碚)
中华人民共和国居民身份证
专科	3	21	信息工程学院
计算机应用 21	计算机应用2班 全国英语等级考试(PETS)
1级	02	四川省教育考试院重庆考点
548417	33
216 刘凯	500279802436673392
2021096573
重庆公路物流职业学院(北碚)
中华人民共和国居民身份证
专科	3	21	财经贸易学院
会计	21	会计3班	全国英语等级考试(PETS)
1级	01	四川省教育考试院重庆考点
551831	43
217 何斌	500287464945406464
2021751147
重庆公路物流职业学院(北碚)
中华人民共和国居民身份证
专科	3	21	财经贸易学院
电子商务 21	电子商务3班	全国英语等级考试(PETS)
2级	01	四川省教育考试院重庆考点
528445	35
218 胡佳	500267027665629510
2021975426
重庆公路物流职业学院(北碚)
中华人民共和国居民身份证
专科	3	21	信息工程学院
计算机应用 21	计算机应用3班 全国英语等级考试(PETS)
1级	01	四川省教育考试院重庆考点
554789	42
219 姚婧	500296609503517186
2021739963
重庆公路物流职业学院(北碚)
中华人民共和国居民身份证
专科	3	21	智能物流学院
供应链管理 21	供应链管理4班 全国英语等级考试(PETS)
2级	02	四川省教育考试院重庆考点
575951	54
220 郭明	500216421789509987
2021300081
重庆公路物流职业学院(北碚)
中华人民共和国居民身份证
专科	3	21	信息工程学院
计算机应用 21	计算机应用4班 全国英语等级考试(PETS)
2级	01	四川省教育考试院重庆考点
553941	46
221 赵鹏	500255247660451922
2021517259
重庆公路物流职业学院(北碚)
中华人民共和国居民身份证
专科	3	21	信息工程学院
计算机应用 21	计算机应用1班 全国英语等级考试(PETS)
2级	02	四川省教育考试院重庆考点
522260	34
222 谢帅	500276324847659087
2021503087
重庆公路物流职业学院(北碚)
中华人民共和国居民身份证
专科	3	21	智能物流学院
供应链管理 21	供应链管理3班 全国英语等级考试(PETS)
1级	02	四川省教育考试院重庆考点
577674	25
223 王凯强	500247541989394416
2021748929
重庆公路物流职业学院(北碚)
中华人民共和国居民身份证
专科	3	21	财经贸易学院
电子商务 21	电子商务3班	全国英语等级考试(PETS)
1级	01	四川省教育考试院重庆考点
532856	51
224 曹丽	500287243728289211
2021887220
重庆公路物流职业学院(北碚)
中华人民共和国居民身份证
专科	3	21	智能物流学院
物流管理 21	物流管理1班	全国英语等级考试(PETS)
1级	02	四川省教育考试院重庆考点
549729	48
225 王霞	500248038839893568
2021422789
重庆公路物流职业学院(北碚)
中华人民共和国居民身份证
专科	3	21	信息工程学院
计算机应用 21	计算机应用3班 全国英语等级考试(PETS)
1级	02	四川省教育考试院重庆考点
536828	44
226 徐磊	500223375792756063
2021427176
重庆公路物流职业学院(北碚)
中华人民共和国居民身份证
专科	3	21	智能物流学院
供应链管理 21	供应链管理2班 全国英语等级考试(PETS)
1级	02	四川省教育考试院重庆考点
596747	77 合格
227 马楠	500290885321889397
2021303153
重庆公路物流职业学院(北碚)
中华人民共和国居民身份证
专科	3	21	财经贸易学院
会计	21	会计4班	全国英语等级考试(PETS)
2级	02	四川省教育考试院重庆考点
574892	60 合格
228 魏颖	500273677728222595
2021344102
重庆公路物流职业学院(北碚)
中华人民共和国居民身份证
专科	3	21	智能物流学院
物流管理 21	物流管理4班	全国英语等级考试(PETS)
2级	02	四川省教育考试院重庆考点
533664	22
229 梁雪	500205825969902889
2021703521
重庆公路物流职业学院(北碚)
中华人民共和国居民身份证
专科	3	21	财经贸易学院
会计	21	会计3班	全国英语等级考试(PETS)
1级	02	四川省教育考试院重庆考点
576407	28
230 潘婷峰	500242594331395009
2021754324
重庆公路物流职业学院(北碚)
中华人民共和国居民身份证
专科	3	21	智能物流学院
物流管理 21	物流管理4班	全国英语等级考试(PETS)
1级	02	四川省教育考试院重庆考点
531107	24
231 王霞	500240979224820618
2021207758
重庆公路物流职业学院(北碚)
中华人民共和国居民身份证
专科	3	21	财经贸易学院
会计	21	会计1班	全国英语等级考试(PETS)
1级	01	四川省教育考试院重庆考点
570382	74 合格
232 赵婧	500227552460544989
2021896116
重庆公路物流职业学院(北碚)
中华人民共和国居民身份证
专科	3	21	智能物流学院
物流管理 21	物流管理2班	全国英语等级考试(PETS)
1级	01	四川省教育考试院重庆考点
516089	31
233 曹静	500246057776958157
2021848314
重庆公路物流职业学院(北碚)
中华人民共和国居民身份证
专科	3	21	智能物流学院
物流管理 21	物流管理4班	全国英语等级考试(PETS)
1级	01	四川省教育考试院重庆考点
551190	45
234 魏斌	500231004292646431
2021123733
重庆公路物流职业学院(北碚)
中华人民共和国居民身份证
专科	3	21	财经贸易学院
电子商务 21	电子商务4班	全国英语等级考试(PETS)
2级	02	四川省教育考试院重庆考点
508640	56
235 高娜	500293854782979265
2021186456
重庆公路物流职业学院(北碚)
中华人民共和国居民身份证
专科	3	21	财经贸易学院
电子商务 21	电子商务1班	全国英语等级考试(PETS)
2级	02	四川省教育考试院重庆考点
536829	38
236 唐阳	500240833740349159
2021566513
重庆公路物流职业学院(北碚)
中华人民共和国居民身份证
专科	3	21	智能物流学院
物流管理 21	物流管理4班	全国英语等级考试(PETS)
1级	02	四川省教育考试院重庆考点
545759	缺考
237 郭斌	500222290927444459
2021613988
重庆公路物流职业学院(北碚)
中华人民共和国居民身份证
专科	3	21	智能物流学院
供应链管理 21	供应链管理1班 全国英语等级考试(PETS)
2级	01	四川省教育考试院重庆考点
503753	63 合格
238 邓娜	500294725270151610
2021885936
重庆公路物流职业学院(北碚)
中华人民共和国居民身份证
专科	3	21	智能物流学院
供应链管理 21	供应链管理3班 全国英语等级考试(PETS)
1级	02	四川省教育考试院重庆考点
573319	缺考
239 杨燕	500217349253340696
2021158265
重庆公路物流职业学院(北碚)
中华人民共和国居民身份证
专科	3	21	智能物流学院
物流管理 21	物流管理1班	全国英语等级考试(PETS)
2级	02	四川省教育考试院重庆考点
563771	58
240 蔡凯	500204433049567198
2021941042
重庆公路物流职业学院(北碚)
中华人民共和国居民身份证
专科	3	21	智能物流学院
物流管理 21	物流管理3班	全国英语等级考试(PETS)
1级	01	四川省教育考试院重庆考点
568673	79 合格
241 彭鹏宇	500271018704270763
2021755290
重庆公路物流职业学院(北碚)
中华人民共和国居民身份证
专科	3	21	财经贸易学院
电子商务 21	电子商务4班	全国英语等级考试(PETS)
2级	01	四川省教育考试院重庆考点
508833	62 合格
242 叶雨	500258082984331697
2021995721
重庆公路物流职业学院(北碚)
中华人民共和国居民身份证
专科	3	21	智能物流学院
物流管理 21	物流管理2班	全国英语等级考试(PETS)
2级	02	四川省教育考试院重庆考点
563601	48
243 高明悦	500209946926580147
2021985609
重庆公路物流职业学院(北碚)
中华人民共和国居民身份证
专科	3	21	信息工程学院
计算机应用 21	计算机应用3班 全国英语等级考试(PETS)
2级	01	四川省教育考试院重庆考点
559401	28
244 王洋悦	500280079137870923
2021228184
重庆公路物流职业学院(北碚)
中华人民共和国居民身份证
专科	3	21	智能物流学院
供应链管理 21	供应链管理3班 全国英语等级考试(PETS)
2级	01	四川省教育考试院重庆考点
531501	21
245 杨婧	500208134343434438
2021388420
重庆公路物流职业学院(北碚)
中华人民共和国居民身份证
专科	3	21	智能物流学院
物流管理 21	物流管理2班	全国英语等级考试(PETS)
2级	02	四川省教育考试院重庆考点
542019	75 合格
246 丁楠	500254336488655698
2021904122
重庆公路物流职业学院(北碚)
中华人民共和国居民身份证
专科	3	21	财经贸易学院
会计	21	会计1班	全国英语等级考试(PETS)
2级	02	四川省教育考试院重庆考点
564205	41
247 李鑫	500210923289346150
2021503875
重庆公路物流职业学院(北碚)
中华人民共和国居民身份证
专科	3	21	财经贸易学院
会计	21	会计4班	全国英语等级考试(PETS)
2级	01	四川省教育考试院重庆考点
510163	缺考
248 高芳军	500242944939556104
2021050942
重庆公路物流职业学院(北碚)
中华人民共和国居民身份证
专科	3	21	智能物流学院
物流管理 21	物流管理4班	全国英语等级考试(PETS)
2级	01	四川省教育考试院重庆考点
580807	60 合格
249 吴鑫婧	500219740125713286
2021288433
重庆公路物流职业学院(北碚)
中华人民共和国居民身份证
专科	3	21	智能物流学院
供应链管理 21	供应链管理3班 全国英语等级考试(PETS)
1级	02	四川省教育考试院重庆考点
552130	60 合格
250 吕杰	500248084240785003
2021618069
重庆公路物流职业学院(北碚)
中华人民共和国居民身份证
专科	3	21	智能物流学院
物流管理 21	物流管理3班	全国英语等级考试(PETS)
1级	02	四川省教育考试院重庆考点
548671	79 合格
251 冯洋雪	500216073651712450
2021231046
重庆公路物流职业学院(北碚)
中华人民共和国居民身份证
专科	3	21	智能物流学院
供应链管理 21	供应链管理2班 全国英语等级考试(PETS)
1级	02	四川省教育考试院重庆考点
569664	缺考
252 苏旭静	500293312635398732
2021402096
重庆公路物流职业学院(北碚)
中华人民共和国居民身份证
专科	3	21	信息工程学院
计算机应用 21	计算机应用3班 全国英语等级考试(PETS)
2级	02	四川省教育考试院重庆考点
593567	26
253 赵颖倩	500259792795731115
2021723927
重庆公路物流职业学院(北碚)
中华人民共和国居民身份证
专科	3	21	信息工程学院
计算机应用 21	计算机应用4班 全国英语等级考试(PETS)
2级	01	四川省教育考试院重庆考点
580478	33
254 程宇婷	500249364121414862
2021285267
重庆公路物流职业学院(北碚)
中华人民共和国居民身份证
专科	3	21	智能物流学院
供应链管理 21	供应链管理4班 全国英语等级考试(PETS)
1级	02	四川省教育考试院重庆考点
591472	58
255 魏斌倩	500227856882058123
2021788333
重庆公路物流职业学院(北碚)
中华人民共和国居民身份证
专科	3	21	财经贸易学院
电子商务 21	电子商务2班	全国英语等级考试(PETS)
1级	01	四川省教育考试院重庆考点
540306	46
256 吴娜	500241447454262674
2021169849
重庆公路物流职业学院(北碚)
中华人民共和国居民身份证
专科	3	21	信息工程学院
计算机应用 21	计算机应用4班 全国英语等级考试(PETS)
1级	02	四川省教育考试院重庆考点
558732	22
257 魏楠	500270511470058475
2021360796
重庆公路物流职业学院(北碚)
中华人民共和国居民身份证
专科	3	21	智能物流学院
供应链管理 21	供应链管理4班 全国英语等级考试(PETS)
2级	01	四川省教育考试院重庆考点
541928	76 合格
258 姚洋悦	500219244706191864
2021210954
重庆公路物流职业学院(北碚)
中华人民共和国居民身份证
专科	3	21	信息工程学院
计算机应用 21	计算机应用2班 全国英语等级考试(PETS)
2级	02	四川省教育考试院重庆考点
570520	37
259 蒋莉欣	500274794981622584
2021159305
重庆公路物流职业学院(北碚)
中华人民共和国居民身份证
专科	3	21	智能物流学院
供应链管理 21	供应链管理2班 全国英语等级考试(PETS)
1级	02	四川省教育考试院重庆考点
528025	64 合格
260 胡怡	500282378913811716
2021089130
重庆公路物流职业学院(北碚)
中华人民共和国居民身份证
专科	3	21	财经贸易学院
会计	21	会计2班	全国英语等级考试(PETS)
1级	01	四川省教育考试院重庆考点
536751	49
261 周林军	500243136629979513
2021587075
重庆公路物流职业学院(北碚)
中华人民共和国居民身份证
专科	3	21	财经贸易学院
电子商务 21	电子商务1班	全国英语等级考试(PETS)
1级	01	四川省教育考试院重庆考点
556908	缺考
262 肖雨	500233837069087315
2021435786
重庆公路物流职业学院(北碚)
中华人民共和国居民身份证
专科	3	21	信息工程学院
计算机应用 21	计算机应用1班 全国英语等级考试(PETS)
2级	01	四川省教育考试院重庆考点
575189	缺考
263 唐斌	500207760452685080
2021690630
重庆公路物流职业学院(北碚)
中华人民共和国居民身份证
专科	3	21	信息工程学院
计算机应用 21	计算机应用2班 全国英语等级考试(PETS)
2级	01	四川省教育考试院重庆考点
532588	27
264 林娜	500296029901750862
2021382342
重庆公路物流职业学院(北碚)
中华人民共和国居民身份证
专科	3	21	财经贸易学院
会计	21	会计4班	全国英语等级考试(PETS)
2级	02	四川省教育考试院重庆考点
582610	51
265 吕俊	500203243042776365
2021129697
重庆公路物流职业学院(北碚)
中华人民共和国居民身份证
专科	3	21	财经贸易学院
会计	21	会计2班	全国英语等级考试(PETS)
1级	02	四川省教育考试院重庆考点
594875	29
266 余佳	500231496746707318
2021406658
重庆公路物流职业学院(北碚)
中华人民共和国居民身份证
专科	3	21	财经贸易学院
会计	21	会计2班	全国英语等级考试(PETS)
2级	02	四川省教育考试院重庆考点
504175	33
267 沈强	500242885738122689
2021170018
重庆公路物流职业学院(北碚)
中华人民共和国居民身份证
专科	3	21	财经贸易学院
电子商务 21	电子商务1班	全国英语等级考试(PETS)
1级	01	四川省教育考试院重庆考点
580332	31
268 林林	500261456100778807
2021776844
重庆公路物流职业学院(北碚)
中华人民共和国居民身份证
专科	3	21	智能物流学院
供应链管理 21	供应链管理2班 全国英语等级考试(PETS)
1级	02	四川省教育考试院重庆考点
580550	42
269 杨鹏涛	500289860290787802
2021154907
重庆公路物流职业学院(北碚)
中华人民共和国居民身份证
专科	3	21	财经贸易学院
会计	21	会计1班	全国英语等级考试(PETS)
1级	02	四川省教育考试院重庆考点
512466	20
270 张娜	500284557610124147
2021953554
重庆公路物流职业学院(北碚)
中华人民共和国居民身份证
专科	3	21	智能物流学院
物流管理 21	物流管理4班	全国英语等级考试(PETS)
2级	01	四川省教育考试院重庆考点
501813	32
271 王楠娜	500230498518963259
2021089428
重庆公路物流职业学院(北碚)
中华人民共和国居民身份证
专科	3	21	智能物流学院
物流管理 21	物流管理1班	全国英语等级考试(PETS)
1级	02	四川省教育考试院重庆考点
565095	77 合格
272 赵帅	500287392167665754
2021876124
重庆公路物流职业学院(北碚)
中华人民共和国居民身份证
专科	3	21	智能物流学院
物流管理 21	物流管理4班	全国英语等级考试(PETS)
2级	01	四川省教育考试院重庆考点
561348	缺考
273 余鹏	500229975093325826
2021053573
重庆公路物流职业学院(北碚)
中华人民共和国居民身份证
专科	3	21	财经贸易学院
会计	21	会计2班	全国英语等级考试(PETS)
1级	01	四川省教育考试院重庆考点
515917	40
274 周俊	500296518605109150
2021966873
重庆公路物流职业学院(北碚)
中华人民共和国居民身份证
专科	3	21	财经贸易学院
电子商务 21	电子商务2班	全国英语等级考试(PETS)
1级	02	四川省教育考试院重庆考点
567967	71 合格
275 梁雪旭	500293472572123352
2021563086
重庆公路物流职业学院(北碚)
中华人民共和国居民身份证
专科	3	21	智能物流学院
供应链管理 21	供应链管理3班 全国英语等级考试(PETS)
1级	01	四川省教育考试院重庆考点
584886	24
276 邓航	500203108304952991
2021099109
重庆公路物流职业学院(北碚)
中华人民共和国居民身份证
专科	3	21	财经贸易学院
会计	21	会计4班	全国英语等级考试(PETS)
2级	02	四川省教育考试院重庆考点
586653	45
277 王亮婷	500258141061966555
2021560862
重庆公路物流职业学院(北碚)
中华人民共和国居民身份证
专科	3	21	智能物流学院
供应链管理 21	供应链管理1班 全国英语等级考试(PETS)
1级	01	四川省教育考试院重庆考点
540995	34
278 唐怡	500202746423003909
2021853371
重庆公路物流职业学院(北碚)
中华人民共和国居民身份证
专科	3	21	智能物流学院
供应链管理 21	供应链管理2班 全国英语等级考试(PETS)
2级	02	四川省教育考试院重庆考点
509843	37
279 杨倩雨	500247954769222544
2021349588
重庆公路物流职业学院(北碚)
中华人民共和国居民身份证
专科	3	21	信息工程学院
计算机应用 21	计算机应用4班 全国英语等级考试(PETS)
2级	01	四川省教育考试院重庆考点
535201	缺考
280 董莉鹏	500240939423347286
2021945298
重庆公路物流职业学院(北碚)
中华人民共和国居民身份证
专科	3	21	财经贸易学院
电子商务 21	电子商务1班	全国英语等级考试(PETS)
1级	02	四川省教育考试院重庆考点
506652	26
281 叶亮涛	500261765630818321
2021294950
重庆公路物流职业学院(北碚)
中华人民共和国居民身份证
专科	3	21	财经贸易学院
电子商务 21	电子商务3班	全国英语等级考试(PETS)
1级	01	四川省教育考试院重庆考点
555406	67 合格
282 杨浩	500283936220824507
2021157019
重庆公路物流职业学院(北碚)
中华人民共和国居民身份证
专科	3	21	智能物流学院
物流管理 21	物流管理2班	全国英语等级考试(PETS)
1级	01	四川省教育考试院重庆考点
580777	缺考
283 杨露倩	500210346810374119
2021426947
重庆公路物流职业学院(北碚)
中华人民共和国居民身份证
专科	3	21	信息工程学院
计算机应用 21	计算机应用2班 全国英语等级考试(PETS)
1级	02	四川省教育考试院重庆考点
528784	55
284 冯林	500267869127833062
2021874362
重庆公路物流职业学院(北碚)
中华人民共和国居民身份证
专科	3	21	智能物流学院
物流管理 21	物流管理3班	全国英语等级考试(PETS)
1级	02	四川省教育考试院重庆考点
518180	32
285 任军	500254745594257455
2021578768
重庆公路物流职业学院(北碚)
中华人民共和国居民身份证
专科	3	21	智能物流学院
物流管理 21	物流管理1班	全国英语等级考试(PETS)
2级	01	四川省教育考试院重庆考点
525100	44
286 袁雨	500212108966361647
2021729584
重庆公路物流职业学院(北碚)
中华人民共和国居民身份证
专科	3	21	智能物流学院
物流管理 21	物流管理2班	全国英语等级考试(PETS)
2级	02	四川省教育考试院重庆考点
593500	76 合格
287 苏晨阳	500226225397250644
2021904704
重庆公路物流职业学院(北碚)
中华人民共和国居民身份证
专科	3	21	信息工程学院
计算机应用 21	计算机应用4班 全国英语等级考试(PETS)
2级	01	四川省教育考试院重庆考点
544287	33
288 谢勇	500234451629467578
2021218472
重庆公路物流职业学院(北碚)
中华人民共和国居民身份证
专科	3	21	财经贸易学院
电子商务 21	电子商务4班	全国英语等级考试(PETS)
2级	02	四川省教育考试院重庆考点
539366	75 合格
289 周亮	500216871942853981
2021240744
重庆公路物流职业学院(北碚)
中华人民共和国居民身份证
专科	3	21	智能物流学院
供应链管理 21	供应链管理4班 全国英语等级考试(PETS)
2级	01	四川省教育考试院重庆考点
539844	62 合格
290 吴帅	500245754068315032
2021092297
重庆公路物流职业学院(北碚)
中华人民共和国居民身份证
专科	3	21	财经贸易学院
电子商务 21	电子商务2班	全国英语等级考试(PETS)
1级	01	四川省教育考试院重庆考点
563621	78 合格
291 吴斌悦	500262433033483473
2021517376
重庆公路物流职业学院(北碚)
中华人民共和国居民身份证
专科	3	21	智能物流学院
供应链管理 21	供应链管理2班 全国英语等级考试(PETS)
2级	01	四川省教育考试院重庆考点
509177	78 合格
292 郭婧浩	500244084634589673
2021642415
重庆公路物流职业学院(北碚)
中华人民共和国居民身份证
专科	3	21	智能物流学院
物流管理 21	物流管理1班	全国英语等级考试(PETS)
1级	01	四川省教育考试院重庆考点
531501	37
293 沈宇	500249803822275846
2021021670
重庆公路物流职业学院(北碚)
中华人民共和国居民身份证
专科	3	21	财经贸易学院
电子商务 21	电子商务4班	全国英语等级考试(PETS)
1级	01	四川省教育考试院重庆考点
525326	41
294 杜倩婷	500214457771429541
2021740104
重庆公路物流职业学院(北碚)
中华人民共和国居民身份证
专科	3	21	财经贸易学院
电子商务 21	电子商务2班	全国英语等级考试(PETS)
2级	01	四川省教育考试院重庆考点
588148	25
295 曹月	500202228627330805
2021592484
重庆公路物流职业学院(北碚)
中华人民共和国居民身份证
专科	3	21	智能物流学院
供应链管理 21	供应链管理1班 全国英语等级考试(PETS)
2级	01	四川省教育考试院重庆考点
551827	63 合格
296 陈月勇	500278329113307316
2021693035
重庆公路物流职业学院(北碚)
中华人民共和国居民身份证
专科	3	21	财经贸易学院
电子商务 21	电子商务1班	全国英语等级考试(PETS)
1级	02	四川省教育考试院重庆考点
551391	39
297 田莉	500222732963687956
2021812965
重庆公路物流职业学院(北碚)
中华人民共和国居民身份证
专科	3	21	财经贸易学院
会计	21	会计1班	全国英语等级考试(PETS)
2级	01	四川省教育考试院重庆考点
543200	49
298 沈霞	500214628757661779
2021366254
重庆公路物流职业学院(北碚)
中华人民共和国居民身份证
专科	3	21	智能物流学院
供应链管理 21	供应链管理2班 全国英语等级考试(PETS)
2级	02	四川省教育考试院重庆考点
530202	缺考
299 魏倩	500230090380511248
2021907813
重庆公路物流职业学院(北碚)
中华人民共和国居民身份证
专科	3	21	智能物流学院
供应链管理 21	供应链管理1班 全国英语等级考试(PETS)
1级	01	四川省教育考试院重庆考点
504218	21
300 吕静	500296646262965830
2021057543
重庆公路物流职业学院(北碚)
中华人民共和国居民身份证
专科	3	21	财经贸易学院
会计	21	会计2班	全国英语等级考试(PETS)
1级	01	四川省教育考试院重庆考点
534185	48
301 魏鹏	500233989087487852
2021303075
重庆公路物流职业学院(北碚)
中华人民共和国居民身份证
专科	3	21	财经贸易学院
会计	21	会计2班	全国英语等级考试(PETS)
1级	01	四川省教育考试院重庆考点
549255	缺考
302 谢霞	500206386793459732
2021788299
重庆公路物流职业学院(北碚)
中华人民共和国居民身份证
专科	3	21	智能物流学院
供应链管理 21	供应链管理3班 全国英语等级考试(PETS)
1级	01	四川省教育考试院重庆考点
505839	44
303 沈强	500249931659531903
2021482291
重庆公路物流职业学院(北碚)
中华人民共和国居民身份证
专科	3	21	智能物流学院
物流管理 21	物流管理1班	全国英语等级考试(PETS)
2级	01	四川省教育考试院重庆考点
570169	73 合格
304 袁静	500256609081364859
2021131697
重庆公路物流职业学院(北碚)
中华人民共和国居民身份证
专科	3	21	财经贸易学院
电子商务 21	电子商务4班	全国英语等级考试(PETS)
1级	01	四川省教育考试院重庆考点
576514	缺考
305 任林	500246655412398861
2021406953
重庆公路物流职业学院(北碚)
中华人民共和国居民身份证
专科	3	21	财经贸易学院
电子商务 21	电子商务1班	全国英语等级考试(PETS)
1级	01	四川省教育考试院重庆考点
581870	56
306 罗军伟	500220713941959425
2021334783
重庆公路物流职业学院(北碚)
中华人民共和国居民身份证
专科	3	21	财经贸易学院
会计	21	会计3班	全国英语等级考试(PETS)
1级	02	四川省教育考试院重庆考点
543108	27
307 周军	500251435229375936
2021807295
重庆公路物流职业学院(北碚)
中华人民共和国居民身份证
专科	3	21	财经贸易学院
会计	21	会计4班	全国英语等级考试(PETS)
2级	02	四川省教育考试院重庆考点
527259	72 合格
308 周悦月	500238541344526057
2021898362
重庆公路物流职业学院(北碚)
中华人民共和国居民身份证
专科	3	21	智能物流学院
供应链管理 21	供应链管理1班 全国英语等级考试(PETS)
1级	02	四川省教育考试院重庆考点
582586	50
309 邓楠强	500267773091827889
2021764902
重庆公路物流职业学院(北碚)
中华人民共和国居民身份证
专科	3	21	智能物流学院
供应链管理 21	供应链管理4班 全国英语等级考试(PETS)
1级	01	四川省教育考试院重庆考点
531967	64 合格
310 赵明婧	500252429885696461
2021564240
重庆公路物流职业学院(北碚)
中华人民共和国居民身份证
专科	3	21	财经贸易学院
电子商务 21	电子商务1班	全国英语等级考试(PETS)
1级	02	四川省教育考试院重庆考点
555061	21
311 潘超	500238410962527691
2021924313
重庆公路物流职业学院(北碚)
中华人民共和国居民身份证
专科	3	21	财经贸易学院
电子商务 21	电子商务2班	全国英语等级考试(PETS)
1级	01	四川省教育考试院重庆考点
528554	33
312 肖颖	500206053262062106
2021728876
重庆公路物流职业学院(北碚)
中华人民共和国居民身份证
专科	3	21	财经贸易学院
电子商务 21	电子商务3班	全国英语等级考试(PETS)
2级	01	四川省教育考试院重庆考点
535032	42
313 郑鹏	500229394210163124
2021112906
重庆公路物流职业学院(北碚)
中华人民共和国居民身份证
专科	3	21	智能物流学院
供应链管理 21	供应链管理4班 全国英语等级考试(PETS)
1级	01	四川省教育考试院重庆考点
520218	缺考
314 杨林芳	500266655550539588
2021745882
重庆公路物流职业学院(北碚)
中华人民共和国居民身份证
专科	3	21	信息工程学院
计算机应用 21	计算机应用2班 全国英语等级考试(PETS)
2级	02	四川省教育考试院重庆考点
529734	40
315 丁雪	500210523149068250
2021937721
重庆公路物流职业学院(北碚)
中华人民共和国居民身份证
专科	3	21	财经贸易学院
会计	21	会计3班	全国英语等级考试(PETS)
1级	01	四川省教育考试院重庆考点
503507	74 合格
316 韩欣怡	500279898172371414
2021489980
重庆公路物流职业学院(北碚)
中华人民共和国居民身份证
专科	3	21	智能物流学院
供应链管理 21	供应链管理3班 全国英语等级考试(PETS)
1级	01	四川省教育考试院重庆考点
568713	37
317 蒋军	500225218548612294
2021591934
重庆公路物流职业学院(北碚)
中华人民共和国居民身份证
专科	3	21	智能物流学院
物流管理 21	物流管理1班	全国英语等级考试(PETS)
2级	02	四川省教育考试院重庆考点
574048	75 合格
318 蔡敏怡	500206816528439823
2021599944
重庆公路物流职业学院(北碚)
中华人民共和国居民身份证
专科	3	21	智能物流学院
供应链管理 21	供应链管理1班 全国英语等级考试(PETS)
1级	01	四川省教育考试院重庆考点
530314	31
319 任杰	500260509438040822
2021982439
重庆公路物流职业学院(北碚)
中华人民共和国居民身份证
专科	3	21	智能物流学院
供应链管理 21	供应链管理1班 全国英语等级考试(PETS)
2级	02	四川省教育考试院重庆考点
596751	缺考
320 苏伟	500274606226525744
2021941792
重庆公路物流职业学院(北碚)
中华人民共和国居民身份证
专科	3	21	智能物流学院
物流管理 21	物流管理1班	全国英语等级考试(PETS)
1级	01	四川省教育考试院重庆考点
591849	64 合格
321 胡航	500268586225782992
2021044339
重庆公路物流职业学院(北碚)
中华人民共和国居民身份证
专科	3	21	智能物流学院
物流管理 21	物流管理2班	全国英语等级考试(PETS)
1级	02	四川省教育考试院重庆考点
591250	46
322 叶娜	500200778080066861
2021853748
重庆公路物流职业学院(北碚)
中华人民共和国居民身份证
专科	3	21	财经贸易学院
会计	21	会计1班	全国英语等级考试(PETS)
1级	01	四川省教育考试院重庆考点
553620	57
323 罗莉	500287801881454098
2021461099
重庆公路物流职业学院(北碚)
中华人民共和国居民身份证
专科	3	21	信息工程学院
计算机应用 21	计算机应用4班 全国英语等级考试(PETS)
1级	02	四川省教育考试院重庆考点
516833	64 合格
324 冯佳	500227852481683051
2021903273
重庆公路物流职业学院(北碚)
中华人民共和国居民身份证
专科	3	21	财经贸易学院
会计	21	会计2班	全国英语等级考试(PETS)
1级	01	四川省教育考试院重庆考点
544339	74 合格
325 高琳	500251645391624405
2021529786
重庆公路物流职业学院(北碚)
中华人民共和国居民身份证
专科	3	21	财经贸易学院
电子商务 21	电子商务2班	全国英语等级考试(PETS)
1级	02	四川省教育考试院重庆考点
551346	30
326 苏俊	500246864082433248
2021276111
重庆公路物流职业学院(北碚)
中华人民共和国居民身份证
专科	3	21	信息工程学院
计算机应用 21	计算机应用1班 全国英语等级考试(PETS)
1级	01	四川省教育考试院重庆考点
535407	46
327 高莉	500272170589633862
2021432860
重庆公路物流职业学院(北碚)
中华人民共和国居民身份证
专科	3	21	财经贸易学院
电子商务 21	电子商务3班	全国英语等级考试(PETS)
2级	01	四川省教育考试院重庆考点
544503	75 合格
328 袁静	500215553208057662
2021410616
重庆公路物流职业学院(北碚)
中华人民共和国居民身份证
专科	3	21	财经贸易学院
电子商务 21	电子商务2班	全国英语等级考试(PETS)
2级	01	四川省教育考试院重庆考点
524451	53
329 王婷	500299146194626699
2021700803
重庆公路物流职业学院(北碚)
中华人民共和国居民身份证
专科	3	21	财经贸易学院
会计	21	会计3班	全国英语等级考试(PETS)
2级	01	四川省教育考试院重庆考点
510665	40
330 韩帅颖	500268825609857177
2021707588
重庆公路物流职业学院(北碚)
中华人民共和国居民身份证
专科	3	21	智能物流学院
供应链管理 21	供应链管理4班 全国英语等级考试(PETS)
1级	01	四川省教育考试院重庆考点
546487	63 合格
331 徐怡	500206225602107007
2021757572
重庆公路物流职业学院(北碚)
中华人民共和国居民身份证
专科	3	21	智能物流学院
物流管理 21	物流管理2班	全国英语等级考试(PETS)
1级	01	四川省教育考试院重庆考点
598148	缺考
332 苏旭	500242039133853353
2021298002
重庆公路物流职业学院(北碚)
中华人民共和国居民身份证
专科	3	21	财经贸易学院
会计	21	会计1班	全国英语等级考试(PETS)
1级	02	四川省教育考试院重庆考点
534812	45
333 袁强佳	500282956073127302
2021361168
重庆公路物流职业学院(北碚)
中华人民共和国居民身份证
专科	3	21	财经贸易学院
电子商务 21	电子商务3班	全国英语等级考试(PETS)
1级	01	四川省教育考试院重庆考点
524209	28
334 丁明	500223639702538875
2021235880
重庆公路物流职业学院(北碚)
中华人民共和国居民身份证
专科	3	21	智能物流学院
物流管理 21	物流管理1班	全国英语等级考试(PETS)
1级	01	四川省教育考试院重庆考点
516360	62 合格
335 赵悦	500248418766128307
2021853771
重庆公路物流职业学院(北碚)
中华人民共和国居民身份证
专科	3	21	信息工程学院
计算机应用 21	计算机应用3班 全国英语等级考试(PETS)
1级	02	四川省教育考试院重庆考点
583768	48
336 马鑫	500284126425642805
2021553004
重庆公路物流职业学院(北碚)
中华人民共和国居民身份证
专科	3	21	财经贸易学院
会计	21	会计3班	全国英语等级考试(PETS)
1级	02	四川省教育考试院重庆考点
556945	52
337 余鑫	500299070086066191
2021613245
重庆公路物流职业学院(北碚)
中华人民共和国居民身份证
专科	3	21	财经贸易学院
电子商务 21	电子商务3班	全国英语等级考试(PETS)
1级	01	四川省教育考试院重庆考点
533724	62 合格
338 潘旭	500236068401136016
2021626233
重庆公路物流职业学院(北碚)
中华人民共和国居民身份证
专科	3	21	智能物流学院
物流管理 21	物流管理1班	全国英语等级考试(PETS)
2级	01	四川省教育考试院重庆考点
507270	47
339 沈宇	500205886211438618
2021869608
重庆公路物流职业学院(北碚)
中华人民共和国居民身份证
专科	3	21	财经贸易学院
会计	21	会计4班	全国英语等级考试(PETS)
1级	02	四川省教育考试院重庆考点
508520	缺考
340 郑勇欣	500283817778490316
2021857975
重庆公路物流职业学院(北碚)
中华人民共和国居民身份证
专科	3	21	财经贸易学院
电子商务 21	电子商务3班	全国英语等级考试(PETS)
1级	02	四川省教育考试院重庆考点
581349	缺考
341 李强	500290186176067518
2021603741
重庆公路物流职业学院(北碚)
中华人民共和国居民身份证
专科	3	21	财经贸易学院
电子商务 21	电子商务3班	全国英语等级考试(PETS)
2级	01	四川省教育考试院重庆考点
597411	26
342 吕楠	500246177840235071
2021531763
重庆公路物流职业学院(北碚)
中华人民共和国居民身份证
专科	3	21	智能物流学院
供应链管理 21	供应链管理3班 全国英语等级考试(PETS)
1级	01	四川省教育考试院重庆考点
567670	43
343 曹悦	500280374200630999
2021018175
重庆公路物流职业学院(北碚)
中华人民共和国居民身份证
专科	3	21	财经贸易学院
电子商务 21	电子商务1班	全国英语等级考试(PETS)
1级	01	四川省教育考试院重庆考点
527178	20
344 袁俊	500259377036248155
2021710124
重庆公路物流职业学院(北碚)
中华人民共和国居民身份证
专科	3	21	智能物流学院
供应链管理 21	供应链管理4班 全国英语等级考试(PETS)
2级	02	四川省教育考试院重庆考点
576168	46
345 冯强娜	500293379499868323
2021815542
重庆公路物流职业学院(北碚)
中华人民共和国居民身份证
专科	3	21	智能物流学院
供应链管理 21	供应链管理3班 全国英语等级考试(PETS)
1级	02	四川省教育考试院重庆考点
555970	34
346 袁帅	500262140119394116
2021634346
重庆公路物流职业学院(北碚)
中华人民共和国居民身份证
专科	3	21	财经贸易学院
会计	21	会计2班	全国英语等级考试(PETS)
2级	02	四川省教育考试院重庆考点
593893	55
347 郭悦	500247983233459597
2021101301
重庆公路物流职业学院(北碚)
中华人民共和国居民身份证
专科	3	21	财经贸易学院
电子商务 21	电子商务2班	全国英语等级考试(PETS)
1级	01	四川省教育考试院重庆考点
587872	缺考
348 曾斌	500258308051682542
2021256230
重庆公路物流职业学院(北碚)
中华人民共和国居民身份证
专科	3	21	财经贸易学院
会计	21	会计1班	全国英语等级考试(PETS)
2级	01	四川省教育考试院重庆考点
527459	45
349 宋鑫航	500206262323029239
2021006856
重庆公路物流职业学院(北碚)
中华人民共和国居民身份证
专科	3	21	智能物流学院
供应链管理 21	供应链管理3班 全国英语等级考试(PETS)
2级	02	四川省教育考试院重庆考点
522410	55
350 宋帅	500267712567137681
2021626746
重庆公路物流职业学院(北碚)
中华人民共和国居民身份证
专科	3	21	财经贸易学院
电子商务 21	电子商务2班	全国英语等级考试(PETS)
2级	01	四川省教育考试院重庆考点
577625	41
351 张欣	500220454182390915
2021182941
重庆公路物流职业学院(北碚)
中华人民共和国居民身份证
专科	3	21	财经贸易学院
会计	21	会计4班	全国英语等级考试(PETS)
1级	02	四川省教育考试院重庆考点
587628	53
352 彭瑶浩	500247184295562746
2021992689
重庆公路物流职业学院(北碚)
中华人民共和国居民身份证
专科	3	21	智能物流学院
供应链管理 21	供应链管理2班 全国英语等级考试(PETS)
2级	02	四川省教育考试院重庆考点
532754	49
353 余浩	500294334453535549
2021017342
重庆公路物流职业学院(北碚)
中华人民共和国居民身份证
专科	3	21	财经贸易学院
会计	21	会计1班	全国英语等级考试(PETS)
2级	02	四川省教育考试院重庆考点
579061	缺考
354 彭浩	500279357906671426
2021255891
重庆公路物流职业学院(北碚)
中华人民共和国居民身份证
专科	3	21	财经贸易学院
电子商务 21	电子商务1班	全国英语等级考试(PETS)
2级	01	四川省教育考试院重庆考点
540159	70 合格
355 陈勇	500260989101541201
2021714709
重庆公路物流职业学院(北碚)
中华人民共和国居民身份证
专科	3	21	智能物流学院
物流管理 21	物流管理1班	全国英语等级考试(PETS)
1级	02	四川省教育考试院重庆考点
503888	53
356 许洋月	500275498400433091
2021134510
重庆公路物流职业学院(北碚)
中华人民共和国居民身份证
专科	3	21	信息工程学院
计算机应用 21	计算机应用3班 全国英语等级考试(PETS)
1级	02	四川省教育考试院重庆考点
574718	58
357 丁勇超	500277900065007921
2021062828
重庆公路物流职业学院(北碚)
中华人民共和国居民身份证
专科	3	21	信息工程学院
计算机应用 21	计算机应用4班 全国英语等级考试(PETS)
1级	02	四川省教育考试院重庆考点
584435	缺考
358 高斌	500204092417193920
2021790135
重庆公路物流职业学院(北碚)
中华人民共和国居民身份证
专科	3	21	财经贸易学院
会计	21	会计2班	全国英语等级考试(PETS)
1级	01	四川省教育考试院重庆考点
534555	79 合格
359 胡瑶	500278769219509893
2021105593
重庆公路物流职业学院(北碚)
中华人民共和国居民身份证
专科	3	21	信息工程学院
计算机应用 21	计算机应用2班 全国英语等级考试(PETS)
2级	02	四川省教育考试院重庆考点
559901	34
360 刘婷	500276260422074704
2021569965
重庆公路物流职业学院(北碚)
中华人民共和国居民身份证
专科	3	21	信息工程学院
计算机应用 21	计算机应用2班 全国英语等级考试(PETS)
1级	01	四川省教育考试院重庆考点
557286	20
361 许静静	500213904969439897
2021215920
重庆公路物流职业学院(北碚)
中华人民共和国居民身份证
专科	3	21	智能物流学院
供应链管理 21	供应链管理1班 全国英语等级考试(PETS)
1级	02	四川省教育考试院重庆考点
510295	32
362 董婧	500246686265219739
2021540720
重庆公路物流职业学院(北碚)
中华人民共和国居民身份证
专科	3	21	财经贸易学院
电子商务 21	电子商务3班	全国英语等级考试(PETS)
2级	02	四川省教育考试院重庆考点
538078	缺考
363 何佳	500218749145338646
2021423286
重庆公路物流职业学院(北碚)
中华人民共和国居民身份证
专科	3	21	智能物流学院
物流管理 21	物流管理4班	全国英语等级考试(PETS)
2级	02	四川省教育考试院重庆考点
530314	55
364 徐琳	500237007682790132
2021823290
重庆公路物流职业学院(北碚)
中华人民共和国居民身份证
专科	3	21	财经贸易学院
电子商务 21	电子商务2班	全国英语等级考试(PETS)
1级	02	四川省教育考试院重庆考点
586967	62 合格
365 杜辉	500225191425415934
2021263720
重庆公路物流职业学院(北碚)
中华人民共和国居民身份证
专科	3	21	财经贸易学院
会计	21	会计2班	全国英语等级考试(PETS)
1级	01	四川省教育考试院重庆考点
563965	30
366 罗鑫颖	500221218603538863
2021554123
重庆公路物流职业学院(北碚)
中华人民共和国居民身份证
专科	3	21	财经贸易学院
电子商务 21	电子商务3班	全国英语等级考试(PETS)
1级	01	四川省教育考试院重庆考点
568138	37
367 许阳	500212709394910975
2021887041
重庆公路物流职业学院(北碚)
中华人民共和国居民身份证
专科	3	21	财经贸易学院
电子商务 21	电子商务1班	全国英语等级考试(PETS)
1级	02	四川省教育考试院重庆考点
569442	63 合格
368 罗宇	500214488697404795
2021191629
重庆公路物流职业学院(北碚)
中华人民共和国居民身份证
专科	3	21	信息工程学院
计算机应用 21	计算机应用2班 全国英语等级考试(PETS)
1级	02	四川省教育考试院重庆考点
559196	63 合格
369 叶杰	500277460915121899
2021894843
重庆公路物流职业学院(北碚)
中华人民共和国居民身份证
专科	3	21	智能物流学院
物流管理 21	物流管理4班	全国英语等级考试(PETS)
2级	01	四川省教育考试院重庆考点
520581	缺考
370 潘蕾	500243040357519522
2021919089
重庆公路物流职业学院(北碚)
中华人民共和国居民身份证
专科	3	21	智能物流学院
物流管理 21	物流管理2班	全国英语等级考试(PETS)
2级	01	四川省教育考试院重庆考点
588384	43
371 吕婷	500273457000608563
2021300866
重庆公路物流职业学院(北碚)
中华人民共和国居民身份证
专科	3	21	财经贸易学院
电子商务 21	电子商务4班	全国英语等级考试(PETS)
2级	02	四川省教育考试院重庆考点
500829	20
372 吕蕾	500284557617774357
2021823346
重庆公路物流职业学院(北碚)
中华人民共和国居民身份证
专科	3	21	智能物流学院
供应链管理 21	供应链管理1班 全国英语等级考试(PETS)
1级	02	四川省教育考试院重庆考点
509868	46
373 何霞雨	500283250639404775
2021599675
重庆公路物流职业学院(北碚)
中华人民共和国居民身份证
专科	3	21	智能物流学院
供应链管理 21	供应链管理3班 全国英语等级考试(PETS)
2级	01	四川省教育考试院重庆考点
579114	55
